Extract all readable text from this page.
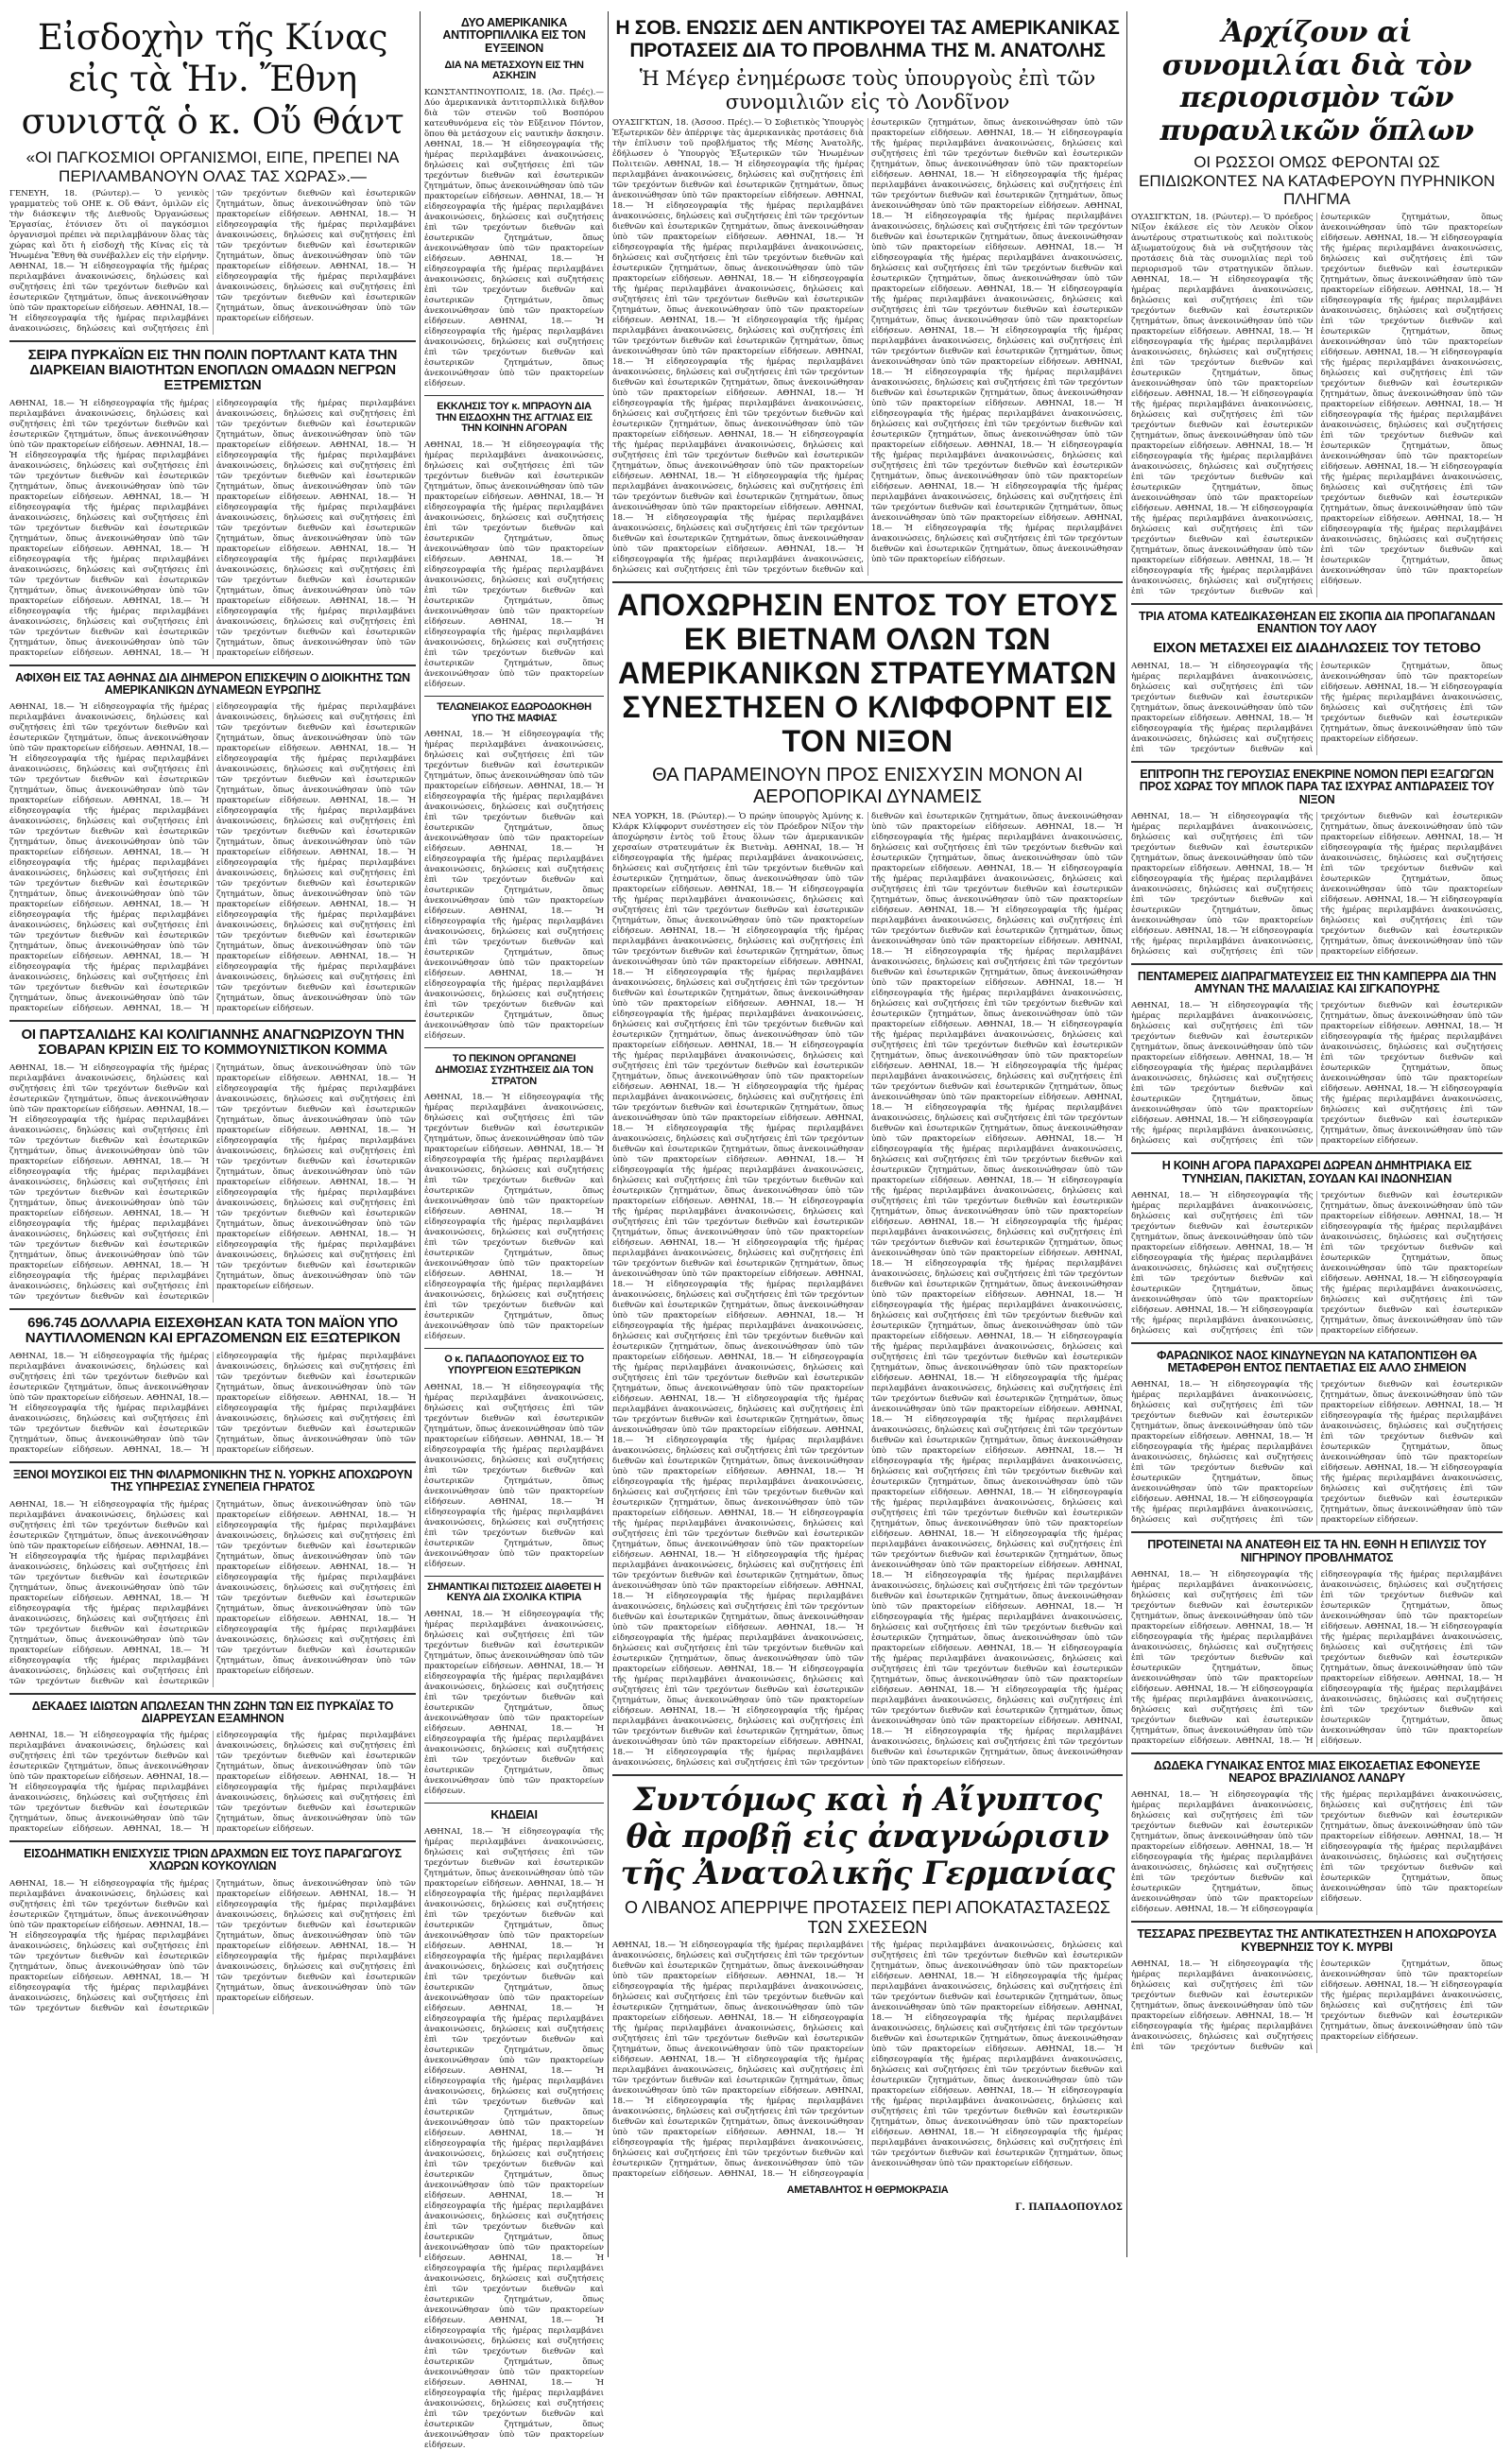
Εἰσδοχὴν τῆς Κίνας εἰς τὰ Ἡν. Ἔθνη συνιστᾷ ὁ κ. Οὔ Θάντ
«ΟΙ ΠΑΓΚΟΣΜΙΟΙ ΟΡΓΑΝΙΣΜΟΙ, ΕΙΠΕ, ΠΡΕΠΕΙ ΝΑ ΠΕΡΙΛΑΜΒΑΝΟΥΝ ΟΛΑΣ ΤΑΣ ΧΩΡΑΣ».—
ΓΕΝΕΥΗ, 18. (Ρώυτερ).— Ὁ γενικὸς γραμματεὺς τοῦ ΟΗΕ κ. Οὔ Θάντ, ὁμιλῶν εἰς τὴν διάσκεψιν τῆς Διεθνοῦς Ὀργανώσεως Ἐργασίας, ἐτόνισεν ὅτι οἱ παγκόσμιοι ὀργανισμοὶ πρέπει νὰ περιλαμβάνουν ὅλας τὰς χώρας καὶ ὅτι ἡ εἰσδοχὴ τῆς Κίνας εἰς τὰ Ἡνωμένα Ἔθνη θὰ συνέβαλλεν εἰς τὴν εἰρήνην. ΑΘΗΝΑΙ, 18.— Ἡ εἰδησεογραφία τῆς ἡμέρας περιλαμβάνει ἀνακοινώσεις, δηλώσεις καὶ συζητήσεις ἐπὶ τῶν τρεχόντων διεθνῶν καὶ ἐσωτερικῶν ζητημάτων, ὅπως ἀνεκοινώθησαν ὑπὸ τῶν πρακτορείων εἰδήσεων. ΑΘΗΝΑΙ, 18.— Ἡ εἰδησεογραφία τῆς ἡμέρας περιλαμβάνει ἀνακοινώσεις, δηλώσεις καὶ συζητήσεις ἐπὶ τῶν τρεχόντων διεθνῶν καὶ ἐσωτερικῶν ζητημάτων, ὅπως ἀνεκοινώθησαν ὑπὸ τῶν πρακτορείων εἰδήσεων. ΑΘΗΝΑΙ, 18.— Ἡ εἰδησεογραφία τῆς ἡμέρας περιλαμβάνει ἀνακοινώσεις, δηλώσεις καὶ συζητήσεις ἐπὶ τῶν τρεχόντων διεθνῶν καὶ ἐσωτερικῶν ζητημάτων, ὅπως ἀνεκοινώθησαν ὑπὸ τῶν πρακτορείων εἰδήσεων. ΑΘΗΝΑΙ, 18.— Ἡ εἰδησεογραφία τῆς ἡμέρας περιλαμβάνει ἀνακοινώσεις, δηλώσεις καὶ συζητήσεις ἐπὶ τῶν τρεχόντων διεθνῶν καὶ ἐσωτερικῶν ζητημάτων, ὅπως ἀνεκοινώθησαν ὑπὸ τῶν πρακτορείων εἰδήσεων.
ΣΕΙΡΑ ΠΥΡΚΑΪΩΝ ΕΙΣ ΤΗΝ ΠΟΛΙΝ ΠΟΡΤΛΑΝΤ ΚΑΤΑ ΤΗΝ ΔΙΑΡΚΕΙΑΝ ΒΙΑΙΟΤΗΤΩΝ ΕΝΟΠΛΩΝ ΟΜΑΔΩΝ ΝΕΓΡΩΝ ΕΞΤΡΕΜΙΣΤΩΝ
ΑΘΗΝΑΙ, 18.— Ἡ εἰδησεογραφία τῆς ἡμέρας περιλαμβάνει ἀνακοινώσεις, δηλώσεις καὶ συζητήσεις ἐπὶ τῶν τρεχόντων διεθνῶν καὶ ἐσωτερικῶν ζητημάτων, ὅπως ἀνεκοινώθησαν ὑπὸ τῶν πρακτορείων εἰδήσεων. ΑΘΗΝΑΙ, 18.— Ἡ εἰδησεογραφία τῆς ἡμέρας περιλαμβάνει ἀνακοινώσεις, δηλώσεις καὶ συζητήσεις ἐπὶ τῶν τρεχόντων διεθνῶν καὶ ἐσωτερικῶν ζητημάτων, ὅπως ἀνεκοινώθησαν ὑπὸ τῶν πρακτορείων εἰδήσεων. ΑΘΗΝΑΙ, 18.— Ἡ εἰδησεογραφία τῆς ἡμέρας περιλαμβάνει ἀνακοινώσεις, δηλώσεις καὶ συζητήσεις ἐπὶ τῶν τρεχόντων διεθνῶν καὶ ἐσωτερικῶν ζητημάτων, ὅπως ἀνεκοινώθησαν ὑπὸ τῶν πρακτορείων εἰδήσεων. ΑΘΗΝΑΙ, 18.— Ἡ εἰδησεογραφία τῆς ἡμέρας περιλαμβάνει ἀνακοινώσεις, δηλώσεις καὶ συζητήσεις ἐπὶ τῶν τρεχόντων διεθνῶν καὶ ἐσωτερικῶν ζητημάτων, ὅπως ἀνεκοινώθησαν ὑπὸ τῶν πρακτορείων εἰδήσεων. ΑΘΗΝΑΙ, 18.— Ἡ εἰδησεογραφία τῆς ἡμέρας περιλαμβάνει ἀνακοινώσεις, δηλώσεις καὶ συζητήσεις ἐπὶ τῶν τρεχόντων διεθνῶν καὶ ἐσωτερικῶν ζητημάτων, ὅπως ἀνεκοινώθησαν ὑπὸ τῶν πρακτορείων εἰδήσεων. ΑΘΗΝΑΙ, 18.— Ἡ εἰδησεογραφία τῆς ἡμέρας περιλαμβάνει ἀνακοινώσεις, δηλώσεις καὶ συζητήσεις ἐπὶ τῶν τρεχόντων διεθνῶν καὶ ἐσωτερικῶν ζητημάτων, ὅπως ἀνεκοινώθησαν ὑπὸ τῶν πρακτορείων εἰδήσεων. ΑΘΗΝΑΙ, 18.— Ἡ εἰδησεογραφία τῆς ἡμέρας περιλαμβάνει ἀνακοινώσεις, δηλώσεις καὶ συζητήσεις ἐπὶ τῶν τρεχόντων διεθνῶν καὶ ἐσωτερικῶν ζητημάτων, ὅπως ἀνεκοινώθησαν ὑπὸ τῶν πρακτορείων εἰδήσεων. ΑΘΗΝΑΙ, 18.— Ἡ εἰδησεογραφία τῆς ἡμέρας περιλαμβάνει ἀνακοινώσεις, δηλώσεις καὶ συζητήσεις ἐπὶ τῶν τρεχόντων διεθνῶν καὶ ἐσωτερικῶν ζητημάτων, ὅπως ἀνεκοινώθησαν ὑπὸ τῶν πρακτορείων εἰδήσεων. ΑΘΗΝΑΙ, 18.— Ἡ εἰδησεογραφία τῆς ἡμέρας περιλαμβάνει ἀνακοινώσεις, δηλώσεις καὶ συζητήσεις ἐπὶ τῶν τρεχόντων διεθνῶν καὶ ἐσωτερικῶν ζητημάτων, ὅπως ἀνεκοινώθησαν ὑπὸ τῶν πρακτορείων εἰδήσεων. ΑΘΗΝΑΙ, 18.— Ἡ εἰδησεογραφία τῆς ἡμέρας περιλαμβάνει ἀνακοινώσεις, δηλώσεις καὶ συζητήσεις ἐπὶ τῶν τρεχόντων διεθνῶν καὶ ἐσωτερικῶν ζητημάτων, ὅπως ἀνεκοινώθησαν ὑπὸ τῶν πρακτορείων εἰδήσεων.
ΑΦΙΧΘΗ ΕΙΣ ΤΑΣ ΑΘΗΝΑΣ ΔΙΑ ΔΙΗΜΕΡΟΝ ΕΠΙΣΚΕΨΙΝ Ο ΔΙΟΙΚΗΤΗΣ ΤΩΝ ΑΜΕΡΙΚΑΝΙΚΩΝ ΔΥΝΑΜΕΩΝ ΕΥΡΩΠΗΣ
ΑΘΗΝΑΙ, 18.— Ἡ εἰδησεογραφία τῆς ἡμέρας περιλαμβάνει ἀνακοινώσεις, δηλώσεις καὶ συζητήσεις ἐπὶ τῶν τρεχόντων διεθνῶν καὶ ἐσωτερικῶν ζητημάτων, ὅπως ἀνεκοινώθησαν ὑπὸ τῶν πρακτορείων εἰδήσεων. ΑΘΗΝΑΙ, 18.— Ἡ εἰδησεογραφία τῆς ἡμέρας περιλαμβάνει ἀνακοινώσεις, δηλώσεις καὶ συζητήσεις ἐπὶ τῶν τρεχόντων διεθνῶν καὶ ἐσωτερικῶν ζητημάτων, ὅπως ἀνεκοινώθησαν ὑπὸ τῶν πρακτορείων εἰδήσεων. ΑΘΗΝΑΙ, 18.— Ἡ εἰδησεογραφία τῆς ἡμέρας περιλαμβάνει ἀνακοινώσεις, δηλώσεις καὶ συζητήσεις ἐπὶ τῶν τρεχόντων διεθνῶν καὶ ἐσωτερικῶν ζητημάτων, ὅπως ἀνεκοινώθησαν ὑπὸ τῶν πρακτορείων εἰδήσεων. ΑΘΗΝΑΙ, 18.— Ἡ εἰδησεογραφία τῆς ἡμέρας περιλαμβάνει ἀνακοινώσεις, δηλώσεις καὶ συζητήσεις ἐπὶ τῶν τρεχόντων διεθνῶν καὶ ἐσωτερικῶν ζητημάτων, ὅπως ἀνεκοινώθησαν ὑπὸ τῶν πρακτορείων εἰδήσεων. ΑΘΗΝΑΙ, 18.— Ἡ εἰδησεογραφία τῆς ἡμέρας περιλαμβάνει ἀνακοινώσεις, δηλώσεις καὶ συζητήσεις ἐπὶ τῶν τρεχόντων διεθνῶν καὶ ἐσωτερικῶν ζητημάτων, ὅπως ἀνεκοινώθησαν ὑπὸ τῶν πρακτορείων εἰδήσεων. ΑΘΗΝΑΙ, 18.— Ἡ εἰδησεογραφία τῆς ἡμέρας περιλαμβάνει ἀνακοινώσεις, δηλώσεις καὶ συζητήσεις ἐπὶ τῶν τρεχόντων διεθνῶν καὶ ἐσωτερικῶν ζητημάτων, ὅπως ἀνεκοινώθησαν ὑπὸ τῶν πρακτορείων εἰδήσεων. ΑΘΗΝΑΙ, 18.— Ἡ εἰδησεογραφία τῆς ἡμέρας περιλαμβάνει ἀνακοινώσεις, δηλώσεις καὶ συζητήσεις ἐπὶ τῶν τρεχόντων διεθνῶν καὶ ἐσωτερικῶν ζητημάτων, ὅπως ἀνεκοινώθησαν ὑπὸ τῶν πρακτορείων εἰδήσεων. ΑΘΗΝΑΙ, 18.— Ἡ εἰδησεογραφία τῆς ἡμέρας περιλαμβάνει ἀνακοινώσεις, δηλώσεις καὶ συζητήσεις ἐπὶ τῶν τρεχόντων διεθνῶν καὶ ἐσωτερικῶν ζητημάτων, ὅπως ἀνεκοινώθησαν ὑπὸ τῶν πρακτορείων εἰδήσεων. ΑΘΗΝΑΙ, 18.— Ἡ εἰδησεογραφία τῆς ἡμέρας περιλαμβάνει ἀνακοινώσεις, δηλώσεις καὶ συζητήσεις ἐπὶ τῶν τρεχόντων διεθνῶν καὶ ἐσωτερικῶν ζητημάτων, ὅπως ἀνεκοινώθησαν ὑπὸ τῶν πρακτορείων εἰδήσεων. ΑΘΗΝΑΙ, 18.— Ἡ εἰδησεογραφία τῆς ἡμέρας περιλαμβάνει ἀνακοινώσεις, δηλώσεις καὶ συζητήσεις ἐπὶ τῶν τρεχόντων διεθνῶν καὶ ἐσωτερικῶν ζητημάτων, ὅπως ἀνεκοινώθησαν ὑπὸ τῶν πρακτορείων εἰδήσεων. ΑΘΗΝΑΙ, 18.— Ἡ εἰδησεογραφία τῆς ἡμέρας περιλαμβάνει ἀνακοινώσεις, δηλώσεις καὶ συζητήσεις ἐπὶ τῶν τρεχόντων διεθνῶν καὶ ἐσωτερικῶν ζητημάτων, ὅπως ἀνεκοινώθησαν ὑπὸ τῶν πρακτορείων εἰδήσεων. ΑΘΗΝΑΙ, 18.— Ἡ εἰδησεογραφία τῆς ἡμέρας περιλαμβάνει ἀνακοινώσεις, δηλώσεις καὶ συζητήσεις ἐπὶ τῶν τρεχόντων διεθνῶν καὶ ἐσωτερικῶν ζητημάτων, ὅπως ἀνεκοινώθησαν ὑπὸ τῶν πρακτορείων εἰδήσεων.
ΟΙ ΠΑΡΤΣΑΛΙΔΗΣ ΚΑΙ ΚΟΛΙΓΙΑΝΝΗΣ ΑΝΑΓΝΩΡΙΖΟΥΝ ΤΗΝ ΣΟΒΑΡΑΝ ΚΡΙΣΙΝ ΕΙΣ ΤΟ ΚΟΜΜΟΥΝΙΣΤΙΚΟΝ ΚΟΜΜΑ
ΑΘΗΝΑΙ, 18.— Ἡ εἰδησεογραφία τῆς ἡμέρας περιλαμβάνει ἀνακοινώσεις, δηλώσεις καὶ συζητήσεις ἐπὶ τῶν τρεχόντων διεθνῶν καὶ ἐσωτερικῶν ζητημάτων, ὅπως ἀνεκοινώθησαν ὑπὸ τῶν πρακτορείων εἰδήσεων. ΑΘΗΝΑΙ, 18.— Ἡ εἰδησεογραφία τῆς ἡμέρας περιλαμβάνει ἀνακοινώσεις, δηλώσεις καὶ συζητήσεις ἐπὶ τῶν τρεχόντων διεθνῶν καὶ ἐσωτερικῶν ζητημάτων, ὅπως ἀνεκοινώθησαν ὑπὸ τῶν πρακτορείων εἰδήσεων. ΑΘΗΝΑΙ, 18.— Ἡ εἰδησεογραφία τῆς ἡμέρας περιλαμβάνει ἀνακοινώσεις, δηλώσεις καὶ συζητήσεις ἐπὶ τῶν τρεχόντων διεθνῶν καὶ ἐσωτερικῶν ζητημάτων, ὅπως ἀνεκοινώθησαν ὑπὸ τῶν πρακτορείων εἰδήσεων. ΑΘΗΝΑΙ, 18.— Ἡ εἰδησεογραφία τῆς ἡμέρας περιλαμβάνει ἀνακοινώσεις, δηλώσεις καὶ συζητήσεις ἐπὶ τῶν τρεχόντων διεθνῶν καὶ ἐσωτερικῶν ζητημάτων, ὅπως ἀνεκοινώθησαν ὑπὸ τῶν πρακτορείων εἰδήσεων. ΑΘΗΝΑΙ, 18.— Ἡ εἰδησεογραφία τῆς ἡμέρας περιλαμβάνει ἀνακοινώσεις, δηλώσεις καὶ συζητήσεις ἐπὶ τῶν τρεχόντων διεθνῶν καὶ ἐσωτερικῶν ζητημάτων, ὅπως ἀνεκοινώθησαν ὑπὸ τῶν πρακτορείων εἰδήσεων. ΑΘΗΝΑΙ, 18.— Ἡ εἰδησεογραφία τῆς ἡμέρας περιλαμβάνει ἀνακοινώσεις, δηλώσεις καὶ συζητήσεις ἐπὶ τῶν τρεχόντων διεθνῶν καὶ ἐσωτερικῶν ζητημάτων, ὅπως ἀνεκοινώθησαν ὑπὸ τῶν πρακτορείων εἰδήσεων. ΑΘΗΝΑΙ, 18.— Ἡ εἰδησεογραφία τῆς ἡμέρας περιλαμβάνει ἀνακοινώσεις, δηλώσεις καὶ συζητήσεις ἐπὶ τῶν τρεχόντων διεθνῶν καὶ ἐσωτερικῶν ζητημάτων, ὅπως ἀνεκοινώθησαν ὑπὸ τῶν πρακτορείων εἰδήσεων. ΑΘΗΝΑΙ, 18.— Ἡ εἰδησεογραφία τῆς ἡμέρας περιλαμβάνει ἀνακοινώσεις, δηλώσεις καὶ συζητήσεις ἐπὶ τῶν τρεχόντων διεθνῶν καὶ ἐσωτερικῶν ζητημάτων, ὅπως ἀνεκοινώθησαν ὑπὸ τῶν πρακτορείων εἰδήσεων. ΑΘΗΝΑΙ, 18.— Ἡ εἰδησεογραφία τῆς ἡμέρας περιλαμβάνει ἀνακοινώσεις, δηλώσεις καὶ συζητήσεις ἐπὶ τῶν τρεχόντων διεθνῶν καὶ ἐσωτερικῶν ζητημάτων, ὅπως ἀνεκοινώθησαν ὑπὸ τῶν πρακτορείων εἰδήσεων.
696.745 ΔΟΛΛΑΡΙΑ ΕΙΣΕΧΘΗΣΑΝ ΚΑΤΑ ΤΟΝ ΜΑΪΟΝ ΥΠΟ ΝΑΥΤΙΛΛΟΜΕΝΩΝ ΚΑΙ ΕΡΓΑΖΟΜΕΝΩΝ ΕΙΣ ΕΞΩΤΕΡΙΚΟΝ
ΑΘΗΝΑΙ, 18.— Ἡ εἰδησεογραφία τῆς ἡμέρας περιλαμβάνει ἀνακοινώσεις, δηλώσεις καὶ συζητήσεις ἐπὶ τῶν τρεχόντων διεθνῶν καὶ ἐσωτερικῶν ζητημάτων, ὅπως ἀνεκοινώθησαν ὑπὸ τῶν πρακτορείων εἰδήσεων. ΑΘΗΝΑΙ, 18.— Ἡ εἰδησεογραφία τῆς ἡμέρας περιλαμβάνει ἀνακοινώσεις, δηλώσεις καὶ συζητήσεις ἐπὶ τῶν τρεχόντων διεθνῶν καὶ ἐσωτερικῶν ζητημάτων, ὅπως ἀνεκοινώθησαν ὑπὸ τῶν πρακτορείων εἰδήσεων. ΑΘΗΝΑΙ, 18.— Ἡ εἰδησεογραφία τῆς ἡμέρας περιλαμβάνει ἀνακοινώσεις, δηλώσεις καὶ συζητήσεις ἐπὶ τῶν τρεχόντων διεθνῶν καὶ ἐσωτερικῶν ζητημάτων, ὅπως ἀνεκοινώθησαν ὑπὸ τῶν πρακτορείων εἰδήσεων. ΑΘΗΝΑΙ, 18.— Ἡ εἰδησεογραφία τῆς ἡμέρας περιλαμβάνει ἀνακοινώσεις, δηλώσεις καὶ συζητήσεις ἐπὶ τῶν τρεχόντων διεθνῶν καὶ ἐσωτερικῶν ζητημάτων, ὅπως ἀνεκοινώθησαν ὑπὸ τῶν πρακτορείων εἰδήσεων.
ΞΕΝΟΙ ΜΟΥΣΙΚΟΙ ΕΙΣ ΤΗΝ ΦΙΛΑΡΜΟΝΙΚΗΝ ΤΗΣ Ν. ΥΟΡΚΗΣ ΑΠΟΧΩΡΟΥΝ ΤΗΣ ΥΠΗΡΕΣΙΑΣ ΣΥΝΕΠΕΙΑ ΓΗΡΑΤΟΣ
ΑΘΗΝΑΙ, 18.— Ἡ εἰδησεογραφία τῆς ἡμέρας περιλαμβάνει ἀνακοινώσεις, δηλώσεις καὶ συζητήσεις ἐπὶ τῶν τρεχόντων διεθνῶν καὶ ἐσωτερικῶν ζητημάτων, ὅπως ἀνεκοινώθησαν ὑπὸ τῶν πρακτορείων εἰδήσεων. ΑΘΗΝΑΙ, 18.— Ἡ εἰδησεογραφία τῆς ἡμέρας περιλαμβάνει ἀνακοινώσεις, δηλώσεις καὶ συζητήσεις ἐπὶ τῶν τρεχόντων διεθνῶν καὶ ἐσωτερικῶν ζητημάτων, ὅπως ἀνεκοινώθησαν ὑπὸ τῶν πρακτορείων εἰδήσεων. ΑΘΗΝΑΙ, 18.— Ἡ εἰδησεογραφία τῆς ἡμέρας περιλαμβάνει ἀνακοινώσεις, δηλώσεις καὶ συζητήσεις ἐπὶ τῶν τρεχόντων διεθνῶν καὶ ἐσωτερικῶν ζητημάτων, ὅπως ἀνεκοινώθησαν ὑπὸ τῶν πρακτορείων εἰδήσεων. ΑΘΗΝΑΙ, 18.— Ἡ εἰδησεογραφία τῆς ἡμέρας περιλαμβάνει ἀνακοινώσεις, δηλώσεις καὶ συζητήσεις ἐπὶ τῶν τρεχόντων διεθνῶν καὶ ἐσωτερικῶν ζητημάτων, ὅπως ἀνεκοινώθησαν ὑπὸ τῶν πρακτορείων εἰδήσεων. ΑΘΗΝΑΙ, 18.— Ἡ εἰδησεογραφία τῆς ἡμέρας περιλαμβάνει ἀνακοινώσεις, δηλώσεις καὶ συζητήσεις ἐπὶ τῶν τρεχόντων διεθνῶν καὶ ἐσωτερικῶν ζητημάτων, ὅπως ἀνεκοινώθησαν ὑπὸ τῶν πρακτορείων εἰδήσεων. ΑΘΗΝΑΙ, 18.— Ἡ εἰδησεογραφία τῆς ἡμέρας περιλαμβάνει ἀνακοινώσεις, δηλώσεις καὶ συζητήσεις ἐπὶ τῶν τρεχόντων διεθνῶν καὶ ἐσωτερικῶν ζητημάτων, ὅπως ἀνεκοινώθησαν ὑπὸ τῶν πρακτορείων εἰδήσεων. ΑΘΗΝΑΙ, 18.— Ἡ εἰδησεογραφία τῆς ἡμέρας περιλαμβάνει ἀνακοινώσεις, δηλώσεις καὶ συζητήσεις ἐπὶ τῶν τρεχόντων διεθνῶν καὶ ἐσωτερικῶν ζητημάτων, ὅπως ἀνεκοινώθησαν ὑπὸ τῶν πρακτορείων εἰδήσεων.
ΔΕΚΑΔΕΣ ΙΔΙΩΤΩΝ ΑΠΩΛΕΣΑΝ ΤΗΝ ΖΩΗΝ ΤΩΝ ΕΙΣ ΠΥΡΚΑΪΑΣ ΤΟ ΔΙΑΡΡΕΥΣΑΝ ΕΞΑΜΗΝΟΝ
ΑΘΗΝΑΙ, 18.— Ἡ εἰδησεογραφία τῆς ἡμέρας περιλαμβάνει ἀνακοινώσεις, δηλώσεις καὶ συζητήσεις ἐπὶ τῶν τρεχόντων διεθνῶν καὶ ἐσωτερικῶν ζητημάτων, ὅπως ἀνεκοινώθησαν ὑπὸ τῶν πρακτορείων εἰδήσεων. ΑΘΗΝΑΙ, 18.— Ἡ εἰδησεογραφία τῆς ἡμέρας περιλαμβάνει ἀνακοινώσεις, δηλώσεις καὶ συζητήσεις ἐπὶ τῶν τρεχόντων διεθνῶν καὶ ἐσωτερικῶν ζητημάτων, ὅπως ἀνεκοινώθησαν ὑπὸ τῶν πρακτορείων εἰδήσεων. ΑΘΗΝΑΙ, 18.— Ἡ εἰδησεογραφία τῆς ἡμέρας περιλαμβάνει ἀνακοινώσεις, δηλώσεις καὶ συζητήσεις ἐπὶ τῶν τρεχόντων διεθνῶν καὶ ἐσωτερικῶν ζητημάτων, ὅπως ἀνεκοινώθησαν ὑπὸ τῶν πρακτορείων εἰδήσεων. ΑΘΗΝΑΙ, 18.— Ἡ εἰδησεογραφία τῆς ἡμέρας περιλαμβάνει ἀνακοινώσεις, δηλώσεις καὶ συζητήσεις ἐπὶ τῶν τρεχόντων διεθνῶν καὶ ἐσωτερικῶν ζητημάτων, ὅπως ἀνεκοινώθησαν ὑπὸ τῶν πρακτορείων εἰδήσεων.
ΕΙΣΟΔΗΜΑΤΙΚΗ ΕΝΙΣΧΥΣΙΣ ΤΡΙΩΝ ΔΡΑΧΜΩΝ ΕΙΣ ΤΟΥΣ ΠΑΡΑΓΩΓΟΥΣ ΧΛΩΡΩΝ ΚΟΥΚΟΥΛΙΩΝ
ΑΘΗΝΑΙ, 18.— Ἡ εἰδησεογραφία τῆς ἡμέρας περιλαμβάνει ἀνακοινώσεις, δηλώσεις καὶ συζητήσεις ἐπὶ τῶν τρεχόντων διεθνῶν καὶ ἐσωτερικῶν ζητημάτων, ὅπως ἀνεκοινώθησαν ὑπὸ τῶν πρακτορείων εἰδήσεων. ΑΘΗΝΑΙ, 18.— Ἡ εἰδησεογραφία τῆς ἡμέρας περιλαμβάνει ἀνακοινώσεις, δηλώσεις καὶ συζητήσεις ἐπὶ τῶν τρεχόντων διεθνῶν καὶ ἐσωτερικῶν ζητημάτων, ὅπως ἀνεκοινώθησαν ὑπὸ τῶν πρακτορείων εἰδήσεων. ΑΘΗΝΑΙ, 18.— Ἡ εἰδησεογραφία τῆς ἡμέρας περιλαμβάνει ἀνακοινώσεις, δηλώσεις καὶ συζητήσεις ἐπὶ τῶν τρεχόντων διεθνῶν καὶ ἐσωτερικῶν ζητημάτων, ὅπως ἀνεκοινώθησαν ὑπὸ τῶν πρακτορείων εἰδήσεων. ΑΘΗΝΑΙ, 18.— Ἡ εἰδησεογραφία τῆς ἡμέρας περιλαμβάνει ἀνακοινώσεις, δηλώσεις καὶ συζητήσεις ἐπὶ τῶν τρεχόντων διεθνῶν καὶ ἐσωτερικῶν ζητημάτων, ὅπως ἀνεκοινώθησαν ὑπὸ τῶν πρακτορείων εἰδήσεων. ΑΘΗΝΑΙ, 18.— Ἡ εἰδησεογραφία τῆς ἡμέρας περιλαμβάνει ἀνακοινώσεις, δηλώσεις καὶ συζητήσεις ἐπὶ τῶν τρεχόντων διεθνῶν καὶ ἐσωτερικῶν ζητημάτων, ὅπως ἀνεκοινώθησαν ὑπὸ τῶν πρακτορείων εἰδήσεων.
ΔΥΟ ΑΜΕΡΙΚΑΝΙΚΑ ΑΝΤΙΤΟΡΠΙΛΛΙΚΑ ΕΙΣ ΤΟΝ ΕΥΞΕΙΝΟΝ
ΔΙΑ ΝΑ ΜΕΤΑΣΧΟΥΝ ΕΙΣ ΤΗΝ ΑΣΚΗΣΙΝ
ΚΩΝΣΤΑΝΤΙΝΟΥΠΟΛΙΣ, 18. (Ἀσ. Πρές).— Δύο ἀμερικανικὰ ἀντιτορπιλλικὰ διῆλθον διὰ τῶν στενῶν τοῦ Βοσπόρου κατευθυνόμενα εἰς τὸν Εὔξεινον Πόντον, ὅπου θὰ μετάσχουν εἰς ναυτικὴν ἄσκησιν. ΑΘΗΝΑΙ, 18.— Ἡ εἰδησεογραφία τῆς ἡμέρας περιλαμβάνει ἀνακοινώσεις, δηλώσεις καὶ συζητήσεις ἐπὶ τῶν τρεχόντων διεθνῶν καὶ ἐσωτερικῶν ζητημάτων, ὅπως ἀνεκοινώθησαν ὑπὸ τῶν πρακτορείων εἰδήσεων. ΑΘΗΝΑΙ, 18.— Ἡ εἰδησεογραφία τῆς ἡμέρας περιλαμβάνει ἀνακοινώσεις, δηλώσεις καὶ συζητήσεις ἐπὶ τῶν τρεχόντων διεθνῶν καὶ ἐσωτερικῶν ζητημάτων, ὅπως ἀνεκοινώθησαν ὑπὸ τῶν πρακτορείων εἰδήσεων.	ΑΘΗΝΑΙ, 18.— Ἡ εἰδησεογραφία τῆς ἡμέρας περιλαμβάνει ἀνακοινώσεις, δηλώσεις καὶ συζητήσεις ἐπὶ τῶν τρεχόντων διεθνῶν καὶ ἐσωτερικῶν ζητημάτων, ὅπως ἀνεκοινώθησαν ὑπὸ τῶν πρακτορείων εἰδήσεων.	ΑΘΗΝΑΙ, 18.— Ἡ εἰδησεογραφία τῆς ἡμέρας περιλαμβάνει ἀνακοινώσεις, δηλώσεις καὶ συζητήσεις ἐπὶ τῶν τρεχόντων διεθνῶν καὶ ἐσωτερικῶν ζητημάτων, ὅπως ἀνεκοινώθησαν ὑπὸ τῶν πρακτορείων εἰδήσεων.
ΕΚΚΛΗΣΙΣ ΤΟΥ κ. ΜΠΡΑΟΥΝ ΔΙΑ ΤΗΝ ΕΙΣΔΟΧΗΝ ΤΗΣ ΑΓΓΛΙΑΣ ΕΙΣ ΤΗΝ ΚΟΙΝΗΝ ΑΓΟΡΑΝ
ΑΘΗΝΑΙ, 18.— Ἡ εἰδησεογραφία τῆς ἡμέρας περιλαμβάνει ἀνακοινώσεις, δηλώσεις καὶ συζητήσεις ἐπὶ τῶν τρεχόντων διεθνῶν καὶ ἐσωτερικῶν ζητημάτων, ὅπως ἀνεκοινώθησαν ὑπὸ τῶν πρακτορείων εἰδήσεων. ΑΘΗΝΑΙ, 18.— Ἡ εἰδησεογραφία τῆς ἡμέρας περιλαμβάνει ἀνακοινώσεις, δηλώσεις καὶ συζητήσεις ἐπὶ τῶν τρεχόντων διεθνῶν καὶ ἐσωτερικῶν ζητημάτων, ὅπως ἀνεκοινώθησαν ὑπὸ τῶν πρακτορείων εἰδήσεων.	ΑΘΗΝΑΙ, 18.— Ἡ εἰδησεογραφία τῆς ἡμέρας περιλαμβάνει ἀνακοινώσεις, δηλώσεις καὶ συζητήσεις ἐπὶ τῶν τρεχόντων διεθνῶν καὶ ἐσωτερικῶν ζητημάτων, ὅπως ἀνεκοινώθησαν ὑπὸ τῶν πρακτορείων εἰδήσεων.	ΑΘΗΝΑΙ, 18.— Ἡ εἰδησεογραφία τῆς ἡμέρας περιλαμβάνει ἀνακοινώσεις, δηλώσεις καὶ συζητήσεις ἐπὶ τῶν τρεχόντων διεθνῶν καὶ ἐσωτερικῶν ζητημάτων, ὅπως ἀνεκοινώθησαν ὑπὸ τῶν πρακτορείων εἰδήσεων.
ΤΕΛΩΝΕΙΑΚΟΣ ΕΔΩΡΟΔΟΚΗΘΗ ΥΠΟ ΤΗΣ ΜΑΦΙΑΣ
ΑΘΗΝΑΙ, 18.— Ἡ εἰδησεογραφία τῆς ἡμέρας περιλαμβάνει ἀνακοινώσεις, δηλώσεις καὶ συζητήσεις ἐπὶ τῶν τρεχόντων διεθνῶν καὶ ἐσωτερικῶν ζητημάτων, ὅπως ἀνεκοινώθησαν ὑπὸ τῶν πρακτορείων εἰδήσεων. ΑΘΗΝΑΙ, 18.— Ἡ εἰδησεογραφία τῆς ἡμέρας περιλαμβάνει ἀνακοινώσεις, δηλώσεις καὶ συζητήσεις ἐπὶ τῶν τρεχόντων διεθνῶν καὶ ἐσωτερικῶν ζητημάτων, ὅπως ἀνεκοινώθησαν ὑπὸ τῶν πρακτορείων εἰδήσεων.	ΑΘΗΝΑΙ, 18.— Ἡ εἰδησεογραφία τῆς ἡμέρας περιλαμβάνει ἀνακοινώσεις, δηλώσεις καὶ συζητήσεις ἐπὶ τῶν τρεχόντων διεθνῶν καὶ ἐσωτερικῶν ζητημάτων, ὅπως ἀνεκοινώθησαν ὑπὸ τῶν πρακτορείων εἰδήσεων.	ΑΘΗΝΑΙ, 18.— Ἡ εἰδησεογραφία τῆς ἡμέρας περιλαμβάνει ἀνακοινώσεις, δηλώσεις καὶ συζητήσεις ἐπὶ τῶν τρεχόντων διεθνῶν καὶ ἐσωτερικῶν ζητημάτων, ὅπως ἀνεκοινώθησαν ὑπὸ τῶν πρακτορείων εἰδήσεων.	ΑΘΗΝΑΙ, 18.— Ἡ εἰδησεογραφία τῆς ἡμέρας περιλαμβάνει ἀνακοινώσεις, δηλώσεις καὶ συζητήσεις ἐπὶ τῶν τρεχόντων διεθνῶν καὶ ἐσωτερικῶν ζητημάτων, ὅπως ἀνεκοινώθησαν ὑπὸ τῶν πρακτορείων εἰδήσεων.
ΤΟ ΠΕΚΙΝΟΝ ΟΡΓΑΝΩΝΕΙ ΔΗΜΟΣΙΑΣ ΣΥΖΗΤΗΣΕΙΣ ΔΙΑ ΤΟΝ ΣΤΡΑΤΟΝ
ΑΘΗΝΑΙ, 18.— Ἡ εἰδησεογραφία τῆς ἡμέρας περιλαμβάνει ἀνακοινώσεις, δηλώσεις καὶ συζητήσεις ἐπὶ τῶν τρεχόντων διεθνῶν καὶ ἐσωτερικῶν ζητημάτων, ὅπως ἀνεκοινώθησαν ὑπὸ τῶν πρακτορείων εἰδήσεων. ΑΘΗΝΑΙ, 18.— Ἡ εἰδησεογραφία τῆς ἡμέρας περιλαμβάνει ἀνακοινώσεις, δηλώσεις καὶ συζητήσεις ἐπὶ τῶν τρεχόντων διεθνῶν καὶ ἐσωτερικῶν ζητημάτων, ὅπως ἀνεκοινώθησαν ὑπὸ τῶν πρακτορείων εἰδήσεων.	ΑΘΗΝΑΙ, 18.— Ἡ εἰδησεογραφία τῆς ἡμέρας περιλαμβάνει ἀνακοινώσεις, δηλώσεις καὶ συζητήσεις ἐπὶ τῶν τρεχόντων διεθνῶν καὶ ἐσωτερικῶν ζητημάτων, ὅπως ἀνεκοινώθησαν ὑπὸ τῶν πρακτορείων εἰδήσεων.	ΑΘΗΝΑΙ, 18.— Ἡ εἰδησεογραφία τῆς ἡμέρας περιλαμβάνει ἀνακοινώσεις, δηλώσεις καὶ συζητήσεις ἐπὶ τῶν τρεχόντων διεθνῶν καὶ ἐσωτερικῶν ζητημάτων, ὅπως ἀνεκοινώθησαν ὑπὸ τῶν πρακτορείων εἰδήσεων.
Ο κ. ΠΑΠΑΔΟΠΟΥΛΟΣ ΕΙΣ ΤΟ ΥΠΟΥΡΓΕΙΟΝ ΕΞΩΤΕΡΙΚΩΝ
ΑΘΗΝΑΙ, 18.— Ἡ εἰδησεογραφία τῆς ἡμέρας περιλαμβάνει ἀνακοινώσεις, δηλώσεις καὶ συζητήσεις ἐπὶ τῶν τρεχόντων διεθνῶν καὶ ἐσωτερικῶν ζητημάτων, ὅπως ἀνεκοινώθησαν ὑπὸ τῶν πρακτορείων εἰδήσεων. ΑΘΗΝΑΙ, 18.— Ἡ εἰδησεογραφία τῆς ἡμέρας περιλαμβάνει ἀνακοινώσεις, δηλώσεις καὶ συζητήσεις ἐπὶ τῶν τρεχόντων διεθνῶν καὶ ἐσωτερικῶν ζητημάτων, ὅπως ἀνεκοινώθησαν ὑπὸ τῶν πρακτορείων εἰδήσεων.	ΑΘΗΝΑΙ, 18.— Ἡ εἰδησεογραφία τῆς ἡμέρας περιλαμβάνει ἀνακοινώσεις, δηλώσεις καὶ συζητήσεις ἐπὶ τῶν τρεχόντων διεθνῶν καὶ ἐσωτερικῶν ζητημάτων, ὅπως ἀνεκοινώθησαν ὑπὸ τῶν πρακτορείων εἰδήσεων.
ΣΗΜΑΝΤΙΚΑΙ ΠΙΣΤΩΣΕΙΣ ΔΙΑΘΕΤΕΙ Η ΚΕΝΥΑ ΔΙΑ ΣΧΟΛΙΚΑ ΚΤΙΡΙΑ
ΑΘΗΝΑΙ, 18.— Ἡ εἰδησεογραφία τῆς ἡμέρας περιλαμβάνει ἀνακοινώσεις, δηλώσεις καὶ συζητήσεις ἐπὶ τῶν τρεχόντων διεθνῶν καὶ ἐσωτερικῶν ζητημάτων, ὅπως ἀνεκοινώθησαν ὑπὸ τῶν πρακτορείων εἰδήσεων. ΑΘΗΝΑΙ, 18.— Ἡ εἰδησεογραφία τῆς ἡμέρας περιλαμβάνει ἀνακοινώσεις, δηλώσεις καὶ συζητήσεις ἐπὶ τῶν τρεχόντων διεθνῶν καὶ ἐσωτερικῶν ζητημάτων, ὅπως ἀνεκοινώθησαν ὑπὸ τῶν πρακτορείων εἰδήσεων.	ΑΘΗΝΑΙ, 18.— Ἡ εἰδησεογραφία τῆς ἡμέρας περιλαμβάνει ἀνακοινώσεις, δηλώσεις καὶ συζητήσεις ἐπὶ τῶν τρεχόντων διεθνῶν καὶ ἐσωτερικῶν ζητημάτων, ὅπως ἀνεκοινώθησαν ὑπὸ τῶν πρακτορείων εἰδήσεων.
ΚΗΔΕΙΑΙ
ΑΘΗΝΑΙ, 18.— Ἡ εἰδησεογραφία τῆς ἡμέρας περιλαμβάνει ἀνακοινώσεις, δηλώσεις καὶ συζητήσεις ἐπὶ τῶν τρεχόντων διεθνῶν καὶ ἐσωτερικῶν ζητημάτων, ὅπως ἀνεκοινώθησαν ὑπὸ τῶν πρακτορείων εἰδήσεων. ΑΘΗΝΑΙ, 18.— Ἡ εἰδησεογραφία τῆς ἡμέρας περιλαμβάνει ἀνακοινώσεις, δηλώσεις καὶ συζητήσεις ἐπὶ τῶν τρεχόντων διεθνῶν καὶ ἐσωτερικῶν ζητημάτων, ὅπως ἀνεκοινώθησαν ὑπὸ τῶν πρακτορείων εἰδήσεων.	ΑΘΗΝΑΙ, 18.— Ἡ εἰδησεογραφία τῆς ἡμέρας περιλαμβάνει ἀνακοινώσεις, δηλώσεις καὶ συζητήσεις ἐπὶ τῶν τρεχόντων διεθνῶν καὶ ἐσωτερικῶν ζητημάτων, ὅπως ἀνεκοινώθησαν ὑπὸ τῶν πρακτορείων εἰδήσεων.	ΑΘΗΝΑΙ, 18.— Ἡ εἰδησεογραφία τῆς ἡμέρας περιλαμβάνει ἀνακοινώσεις, δηλώσεις καὶ συζητήσεις ἐπὶ τῶν τρεχόντων διεθνῶν καὶ ἐσωτερικῶν ζητημάτων, ὅπως ἀνεκοινώθησαν ὑπὸ τῶν πρακτορείων εἰδήσεων.	ΑΘΗΝΑΙ, 18.— Ἡ εἰδησεογραφία τῆς ἡμέρας περιλαμβάνει ἀνακοινώσεις, δηλώσεις καὶ συζητήσεις ἐπὶ τῶν τρεχόντων διεθνῶν καὶ ἐσωτερικῶν ζητημάτων, ὅπως ἀνεκοινώθησαν ὑπὸ τῶν πρακτορείων εἰδήσεων.	ΑΘΗΝΑΙ, 18.— Ἡ εἰδησεογραφία τῆς ἡμέρας περιλαμβάνει ἀνακοινώσεις, δηλώσεις καὶ συζητήσεις ἐπὶ τῶν τρεχόντων διεθνῶν καὶ ἐσωτερικῶν ζητημάτων, ὅπως ἀνεκοινώθησαν ὑπὸ τῶν πρακτορείων εἰδήσεων.	ΑΘΗΝΑΙ, 18.— Ἡ εἰδησεογραφία τῆς ἡμέρας περιλαμβάνει ἀνακοινώσεις, δηλώσεις καὶ συζητήσεις ἐπὶ τῶν τρεχόντων διεθνῶν καὶ ἐσωτερικῶν ζητημάτων, ὅπως ἀνεκοινώθησαν ὑπὸ τῶν πρακτορείων εἰδήσεων.	ΑΘΗΝΑΙ, 18.— Ἡ εἰδησεογραφία τῆς ἡμέρας περιλαμβάνει ἀνακοινώσεις, δηλώσεις καὶ συζητήσεις ἐπὶ τῶν τρεχόντων διεθνῶν καὶ ἐσωτερικῶν ζητημάτων, ὅπως ἀνεκοινώθησαν ὑπὸ τῶν πρακτορείων εἰδήσεων.	ΑΘΗΝΑΙ, 18.— Ἡ εἰδησεογραφία τῆς ἡμέρας περιλαμβάνει ἀνακοινώσεις, δηλώσεις καὶ συζητήσεις ἐπὶ τῶν τρεχόντων διεθνῶν καὶ ἐσωτερικῶν ζητημάτων, ὅπως ἀνεκοινώθησαν ὑπὸ τῶν πρακτορείων εἰδήσεων.	ΑΘΗΝΑΙ, 18.— Ἡ εἰδησεογραφία τῆς ἡμέρας περιλαμβάνει ἀνακοινώσεις, δηλώσεις καὶ συζητήσεις ἐπὶ τῶν τρεχόντων διεθνῶν καὶ ἐσωτερικῶν ζητημάτων, ὅπως ἀνεκοινώθησαν ὑπὸ τῶν πρακτορείων εἰδήσεων.
Η ΣΟΒ. ΕΝΩΣΙΣ ΔΕΝ ΑΝΤΙΚΡΟΥΕΙ ΤΑΣ ΑΜΕΡΙΚΑΝΙΚΑΣ ΠΡΟΤΑΣΕΙΣ ΔΙΑ ΤΟ ΠΡΟΒΛΗΜΑ ΤΗΣ Μ. ΑΝΑΤΟΛΗΣ
Ἡ Μέγερ ἐνημέρωσε τοὺς ὑπουργοὺς ἐπὶ τῶν συνομιλιῶν εἰς τὸ Λονδῖνον
ΟΥΑΣΙΓΚΤΩΝ, 18. (Ἀσσοσ. Πρές).— Ὁ Σοβιετικὸς Ὑπουργὸς Ἐξωτερικῶν δὲν ἀπέρριψε τὰς ἀμερικανικὰς προτάσεις διὰ τὴν ἐπίλυσιν τοῦ προβλήματος τῆς Μέσης Ἀνατολῆς, ἐδήλωσεν ὁ Ὑπουργὸς Ἐξωτερικῶν τῶν Ἡνωμένων Πολιτειῶν. ΑΘΗΝΑΙ, 18.— Ἡ εἰδησεογραφία τῆς ἡμέρας περιλαμβάνει ἀνακοινώσεις, δηλώσεις καὶ συζητήσεις ἐπὶ τῶν τρεχόντων διεθνῶν καὶ ἐσωτερικῶν ζητημάτων, ὅπως ἀνεκοινώθησαν ὑπὸ τῶν πρακτορείων εἰδήσεων. ΑΘΗΝΑΙ, 18.— Ἡ εἰδησεογραφία τῆς ἡμέρας περιλαμβάνει ἀνακοινώσεις, δηλώσεις καὶ συζητήσεις ἐπὶ τῶν τρεχόντων διεθνῶν καὶ ἐσωτερικῶν ζητημάτων, ὅπως ἀνεκοινώθησαν ὑπὸ τῶν πρακτορείων εἰδήσεων. ΑΘΗΝΑΙ, 18.— Ἡ εἰδησεογραφία τῆς ἡμέρας περιλαμβάνει ἀνακοινώσεις, δηλώσεις καὶ συζητήσεις ἐπὶ τῶν τρεχόντων διεθνῶν καὶ ἐσωτερικῶν ζητημάτων, ὅπως ἀνεκοινώθησαν ὑπὸ τῶν πρακτορείων εἰδήσεων. ΑΘΗΝΑΙ, 18.— Ἡ εἰδησεογραφία τῆς ἡμέρας περιλαμβάνει ἀνακοινώσεις, δηλώσεις καὶ συζητήσεις ἐπὶ τῶν τρεχόντων διεθνῶν καὶ ἐσωτερικῶν ζητημάτων, ὅπως ἀνεκοινώθησαν ὑπὸ τῶν πρακτορείων εἰδήσεων. ΑΘΗΝΑΙ, 18.— Ἡ εἰδησεογραφία τῆς ἡμέρας περιλαμβάνει ἀνακοινώσεις, δηλώσεις καὶ συζητήσεις ἐπὶ τῶν τρεχόντων διεθνῶν καὶ ἐσωτερικῶν ζητημάτων, ὅπως ἀνεκοινώθησαν ὑπὸ τῶν πρακτορείων εἰδήσεων. ΑΘΗΝΑΙ, 18.— Ἡ εἰδησεογραφία τῆς ἡμέρας περιλαμβάνει ἀνακοινώσεις, δηλώσεις καὶ συζητήσεις ἐπὶ τῶν τρεχόντων διεθνῶν καὶ ἐσωτερικῶν ζητημάτων, ὅπως ἀνεκοινώθησαν ὑπὸ τῶν πρακτορείων εἰδήσεων. ΑΘΗΝΑΙ, 18.— Ἡ εἰδησεογραφία τῆς ἡμέρας περιλαμβάνει ἀνακοινώσεις, δηλώσεις καὶ συζητήσεις ἐπὶ τῶν τρεχόντων διεθνῶν καὶ ἐσωτερικῶν ζητημάτων, ὅπως ἀνεκοινώθησαν ὑπὸ τῶν πρακτορείων εἰδήσεων. ΑΘΗΝΑΙ, 18.— Ἡ εἰδησεογραφία τῆς ἡμέρας περιλαμβάνει ἀνακοινώσεις, δηλώσεις καὶ συζητήσεις ἐπὶ τῶν τρεχόντων διεθνῶν καὶ ἐσωτερικῶν ζητημάτων, ὅπως ἀνεκοινώθησαν ὑπὸ τῶν πρακτορείων εἰδήσεων. ΑΘΗΝΑΙ, 18.— Ἡ εἰδησεογραφία τῆς ἡμέρας περιλαμβάνει ἀνακοινώσεις, δηλώσεις καὶ συζητήσεις ἐπὶ τῶν τρεχόντων διεθνῶν καὶ ἐσωτερικῶν ζητημάτων, ὅπως ἀνεκοινώθησαν ὑπὸ τῶν πρακτορείων εἰδήσεων. ΑΘΗΝΑΙ, 18.— Ἡ εἰδησεογραφία τῆς ἡμέρας περιλαμβάνει ἀνακοινώσεις, δηλώσεις καὶ συζητήσεις ἐπὶ τῶν τρεχόντων διεθνῶν καὶ ἐσωτερικῶν ζητημάτων, ὅπως ἀνεκοινώθησαν ὑπὸ τῶν πρακτορείων εἰδήσεων. ΑΘΗΝΑΙ, 18.— Ἡ εἰδησεογραφία τῆς ἡμέρας περιλαμβάνει ἀνακοινώσεις, δηλώσεις καὶ συζητήσεις ἐπὶ τῶν τρεχόντων διεθνῶν καὶ ἐσωτερικῶν ζητημάτων, ὅπως ἀνεκοινώθησαν ὑπὸ τῶν πρακτορείων εἰδήσεων. ΑΘΗΝΑΙ, 18.— Ἡ εἰδησεογραφία τῆς ἡμέρας περιλαμβάνει ἀνακοινώσεις, δηλώσεις καὶ συζητήσεις ἐπὶ τῶν τρεχόντων διεθνῶν καὶ ἐσωτερικῶν ζητημάτων, ὅπως ἀνεκοινώθησαν ὑπὸ τῶν πρακτορείων εἰδήσεων. ΑΘΗΝΑΙ, 18.— Ἡ εἰδησεογραφία τῆς ἡμέρας περιλαμβάνει ἀνακοινώσεις, δηλώσεις καὶ συζητήσεις ἐπὶ τῶν τρεχόντων διεθνῶν καὶ ἐσωτερικῶν ζητημάτων, ὅπως ἀνεκοινώθησαν ὑπὸ τῶν πρακτορείων εἰδήσεων. ΑΘΗΝΑΙ, 18.— Ἡ εἰδησεογραφία τῆς ἡμέρας περιλαμβάνει ἀνακοινώσεις, δηλώσεις καὶ συζητήσεις ἐπὶ τῶν τρεχόντων διεθνῶν καὶ ἐσωτερικῶν ζητημάτων, ὅπως ἀνεκοινώθησαν ὑπὸ τῶν πρακτορείων εἰδήσεων. ΑΘΗΝΑΙ, 18.— Ἡ εἰδησεογραφία τῆς ἡμέρας περιλαμβάνει ἀνακοινώσεις, δηλώσεις καὶ συζητήσεις ἐπὶ τῶν τρεχόντων διεθνῶν καὶ ἐσωτερικῶν ζητημάτων, ὅπως ἀνεκοινώθησαν ὑπὸ τῶν πρακτορείων εἰδήσεων. ΑΘΗΝΑΙ, 18.— Ἡ εἰδησεογραφία τῆς ἡμέρας περιλαμβάνει ἀνακοινώσεις, δηλώσεις καὶ συζητήσεις ἐπὶ τῶν τρεχόντων διεθνῶν καὶ ἐσωτερικῶν ζητημάτων, ὅπως ἀνεκοινώθησαν ὑπὸ τῶν πρακτορείων εἰδήσεων. ΑΘΗΝΑΙ, 18.— Ἡ εἰδησεογραφία τῆς ἡμέρας περιλαμβάνει ἀνακοινώσεις, δηλώσεις καὶ συζητήσεις ἐπὶ τῶν τρεχόντων διεθνῶν καὶ ἐσωτερικῶν ζητημάτων, ὅπως ἀνεκοινώθησαν ὑπὸ τῶν πρακτορείων εἰδήσεων. ΑΘΗΝΑΙ, 18.— Ἡ εἰδησεογραφία τῆς ἡμέρας περιλαμβάνει ἀνακοινώσεις, δηλώσεις καὶ συζητήσεις ἐπὶ τῶν τρεχόντων διεθνῶν καὶ ἐσωτερικῶν ζητημάτων, ὅπως ἀνεκοινώθησαν ὑπὸ τῶν πρακτορείων εἰδήσεων. ΑΘΗΝΑΙ, 18.— Ἡ εἰδησεογραφία τῆς ἡμέρας περιλαμβάνει ἀνακοινώσεις, δηλώσεις καὶ συζητήσεις ἐπὶ τῶν τρεχόντων διεθνῶν καὶ ἐσωτερικῶν ζητημάτων, ὅπως ἀνεκοινώθησαν ὑπὸ τῶν πρακτορείων εἰδήσεων. ΑΘΗΝΑΙ, 18.— Ἡ εἰδησεογραφία τῆς ἡμέρας περιλαμβάνει ἀνακοινώσεις, δηλώσεις καὶ συζητήσεις ἐπὶ τῶν τρεχόντων διεθνῶν καὶ ἐσωτερικῶν ζητημάτων, ὅπως ἀνεκοινώθησαν ὑπὸ τῶν πρακτορείων εἰδήσεων. ΑΘΗΝΑΙ, 18.— Ἡ εἰδησεογραφία τῆς ἡμέρας περιλαμβάνει ἀνακοινώσεις, δηλώσεις καὶ συζητήσεις ἐπὶ τῶν τρεχόντων διεθνῶν καὶ ἐσωτερικῶν ζητημάτων, ὅπως ἀνεκοινώθησαν ὑπὸ τῶν πρακτορείων εἰδήσεων. ΑΘΗΝΑΙ, 18.— Ἡ εἰδησεογραφία τῆς ἡμέρας περιλαμβάνει ἀνακοινώσεις, δηλώσεις καὶ συζητήσεις ἐπὶ τῶν τρεχόντων διεθνῶν καὶ ἐσωτερικῶν ζητημάτων, ὅπως ἀνεκοινώθησαν ὑπὸ τῶν πρακτορείων εἰδήσεων.
ΑΠΟΧΩΡΗΣΙΝ ΕΝΤΟΣ ΤΟΥ ΕΤΟΥΣ ΕΚ ΒΙΕΤΝΑΜ ΟΛΩΝ ΤΩΝ ΑΜΕΡΙΚΑΝΙΚΩΝ ΣΤΡΑΤΕΥΜΑΤΩΝ ΣΥΝΕΣΤΗΣΕΝ Ο ΚΛΙΦΦΟΡΝΤ ΕΙΣ ΤΟΝ ΝΙΞΟΝ
ΘΑ ΠΑΡΑΜΕΙΝΟΥΝ ΠΡΟΣ ΕΝΙΣΧΥΣΙΝ ΜΟΝΟΝ ΑΙ ΑΕΡΟΠΟΡΙΚΑΙ ΔΥΝΑΜΕΙΣ
ΝΕΑ ΥΟΡΚΗ, 18. (Ρώυτερ).— Ὁ πρώην ὑπουργὸς Ἀμύνης κ. Κλάρκ Κλίφφορντ συνέστησεν εἰς τὸν Πρόεδρον Νίξον τὴν ἀποχώρησιν ἐντὸς τοῦ ἔτους ὅλων τῶν ἀμερικανικῶν χερσαίων στρατευμάτων ἐκ Βιετνὰμ. ΑΘΗΝΑΙ, 18.— Ἡ εἰδησεογραφία τῆς ἡμέρας περιλαμβάνει ἀνακοινώσεις, δηλώσεις καὶ συζητήσεις ἐπὶ τῶν τρεχόντων διεθνῶν καὶ ἐσωτερικῶν ζητημάτων, ὅπως ἀνεκοινώθησαν ὑπὸ τῶν πρακτορείων εἰδήσεων. ΑΘΗΝΑΙ, 18.— Ἡ εἰδησεογραφία τῆς ἡμέρας περιλαμβάνει ἀνακοινώσεις, δηλώσεις καὶ συζητήσεις ἐπὶ τῶν τρεχόντων διεθνῶν καὶ ἐσωτερικῶν ζητημάτων, ὅπως ἀνεκοινώθησαν ὑπὸ τῶν πρακτορείων εἰδήσεων. ΑΘΗΝΑΙ, 18.— Ἡ εἰδησεογραφία τῆς ἡμέρας περιλαμβάνει ἀνακοινώσεις, δηλώσεις καὶ συζητήσεις ἐπὶ τῶν τρεχόντων διεθνῶν καὶ ἐσωτερικῶν ζητημάτων, ὅπως ἀνεκοινώθησαν ὑπὸ τῶν πρακτορείων εἰδήσεων. ΑΘΗΝΑΙ, 18.— Ἡ εἰδησεογραφία τῆς ἡμέρας περιλαμβάνει ἀνακοινώσεις, δηλώσεις καὶ συζητήσεις ἐπὶ τῶν τρεχόντων διεθνῶν καὶ ἐσωτερικῶν ζητημάτων, ὅπως ἀνεκοινώθησαν ὑπὸ τῶν πρακτορείων εἰδήσεων. ΑΘΗΝΑΙ, 18.— Ἡ εἰδησεογραφία τῆς ἡμέρας περιλαμβάνει ἀνακοινώσεις, δηλώσεις καὶ συζητήσεις ἐπὶ τῶν τρεχόντων διεθνῶν καὶ ἐσωτερικῶν ζητημάτων, ὅπως ἀνεκοινώθησαν ὑπὸ τῶν πρακτορείων εἰδήσεων. ΑΘΗΝΑΙ, 18.— Ἡ εἰδησεογραφία τῆς ἡμέρας περιλαμβάνει ἀνακοινώσεις, δηλώσεις καὶ συζητήσεις ἐπὶ τῶν τρεχόντων διεθνῶν καὶ ἐσωτερικῶν ζητημάτων, ὅπως ἀνεκοινώθησαν ὑπὸ τῶν πρακτορείων εἰδήσεων. ΑΘΗΝΑΙ, 18.— Ἡ εἰδησεογραφία τῆς ἡμέρας περιλαμβάνει ἀνακοινώσεις, δηλώσεις καὶ συζητήσεις ἐπὶ τῶν τρεχόντων διεθνῶν καὶ ἐσωτερικῶν ζητημάτων, ὅπως ἀνεκοινώθησαν ὑπὸ τῶν πρακτορείων εἰδήσεων. ΑΘΗΝΑΙ, 18.— Ἡ εἰδησεογραφία τῆς ἡμέρας περιλαμβάνει ἀνακοινώσεις, δηλώσεις καὶ συζητήσεις ἐπὶ τῶν τρεχόντων διεθνῶν καὶ ἐσωτερικῶν ζητημάτων, ὅπως ἀνεκοινώθησαν ὑπὸ τῶν πρακτορείων εἰδήσεων. ΑΘΗΝΑΙ, 18.— Ἡ εἰδησεογραφία τῆς ἡμέρας περιλαμβάνει ἀνακοινώσεις, δηλώσεις καὶ συζητήσεις ἐπὶ τῶν τρεχόντων διεθνῶν καὶ ἐσωτερικῶν ζητημάτων, ὅπως ἀνεκοινώθησαν ὑπὸ τῶν πρακτορείων εἰδήσεων. ΑΘΗΝΑΙ, 18.— Ἡ εἰδησεογραφία τῆς ἡμέρας περιλαμβάνει ἀνακοινώσεις, δηλώσεις καὶ συζητήσεις ἐπὶ τῶν τρεχόντων διεθνῶν καὶ ἐσωτερικῶν ζητημάτων, ὅπως ἀνεκοινώθησαν ὑπὸ τῶν πρακτορείων εἰδήσεων. ΑΘΗΝΑΙ, 18.— Ἡ εἰδησεογραφία τῆς ἡμέρας περιλαμβάνει ἀνακοινώσεις, δηλώσεις καὶ συζητήσεις ἐπὶ τῶν τρεχόντων διεθνῶν καὶ ἐσωτερικῶν ζητημάτων, ὅπως ἀνεκοινώθησαν ὑπὸ τῶν πρακτορείων εἰδήσεων. ΑΘΗΝΑΙ, 18.— Ἡ εἰδησεογραφία τῆς ἡμέρας περιλαμβάνει ἀνακοινώσεις, δηλώσεις καὶ συζητήσεις ἐπὶ τῶν τρεχόντων διεθνῶν καὶ ἐσωτερικῶν ζητημάτων, ὅπως ἀνεκοινώθησαν ὑπὸ τῶν πρακτορείων εἰδήσεων. ΑΘΗΝΑΙ, 18.— Ἡ εἰδησεογραφία τῆς ἡμέρας περιλαμβάνει ἀνακοινώσεις, δηλώσεις καὶ συζητήσεις ἐπὶ τῶν τρεχόντων διεθνῶν καὶ ἐσωτερικῶν ζητημάτων, ὅπως ἀνεκοινώθησαν ὑπὸ τῶν πρακτορείων εἰδήσεων. ΑΘΗΝΑΙ, 18.— Ἡ εἰδησεογραφία τῆς ἡμέρας περιλαμβάνει ἀνακοινώσεις, δηλώσεις καὶ συζητήσεις ἐπὶ τῶν τρεχόντων διεθνῶν καὶ ἐσωτερικῶν ζητημάτων, ὅπως ἀνεκοινώθησαν ὑπὸ τῶν πρακτορείων εἰδήσεων. ΑΘΗΝΑΙ, 18.— Ἡ εἰδησεογραφία τῆς ἡμέρας περιλαμβάνει ἀνακοινώσεις, δηλώσεις καὶ συζητήσεις ἐπὶ τῶν τρεχόντων διεθνῶν καὶ ἐσωτερικῶν ζητημάτων, ὅπως ἀνεκοινώθησαν ὑπὸ τῶν πρακτορείων εἰδήσεων. ΑΘΗΝΑΙ, 18.— Ἡ εἰδησεογραφία τῆς ἡμέρας περιλαμβάνει ἀνακοινώσεις, δηλώσεις καὶ συζητήσεις ἐπὶ τῶν τρεχόντων διεθνῶν καὶ ἐσωτερικῶν ζητημάτων, ὅπως ἀνεκοινώθησαν ὑπὸ τῶν πρακτορείων εἰδήσεων. ΑΘΗΝΑΙ, 18.— Ἡ εἰδησεογραφία τῆς ἡμέρας περιλαμβάνει ἀνακοινώσεις, δηλώσεις καὶ συζητήσεις ἐπὶ τῶν τρεχόντων διεθνῶν καὶ ἐσωτερικῶν ζητημάτων, ὅπως ἀνεκοινώθησαν ὑπὸ τῶν πρακτορείων εἰδήσεων. ΑΘΗΝΑΙ, 18.— Ἡ εἰδησεογραφία τῆς ἡμέρας περιλαμβάνει ἀνακοινώσεις, δηλώσεις καὶ συζητήσεις ἐπὶ τῶν τρεχόντων διεθνῶν καὶ ἐσωτερικῶν ζητημάτων, ὅπως ἀνεκοινώθησαν ὑπὸ τῶν πρακτορείων εἰδήσεων. ΑΘΗΝΑΙ, 18.— Ἡ εἰδησεογραφία τῆς ἡμέρας περιλαμβάνει ἀνακοινώσεις, δηλώσεις καὶ συζητήσεις ἐπὶ τῶν τρεχόντων διεθνῶν καὶ ἐσωτερικῶν ζητημάτων, ὅπως ἀνεκοινώθησαν ὑπὸ τῶν πρακτορείων εἰδήσεων. ΑΘΗΝΑΙ, 18.— Ἡ εἰδησεογραφία τῆς ἡμέρας περιλαμβάνει ἀνακοινώσεις, δηλώσεις καὶ συζητήσεις ἐπὶ τῶν τρεχόντων διεθνῶν καὶ ἐσωτερικῶν ζητημάτων, ὅπως ἀνεκοινώθησαν ὑπὸ τῶν πρακτορείων εἰδήσεων. ΑΘΗΝΑΙ, 18.— Ἡ εἰδησεογραφία τῆς ἡμέρας περιλαμβάνει ἀνακοινώσεις, δηλώσεις καὶ συζητήσεις ἐπὶ τῶν τρεχόντων διεθνῶν καὶ ἐσωτερικῶν ζητημάτων, ὅπως ἀνεκοινώθησαν ὑπὸ τῶν πρακτορείων εἰδήσεων. ΑΘΗΝΑΙ, 18.— Ἡ εἰδησεογραφία τῆς ἡμέρας περιλαμβάνει ἀνακοινώσεις, δηλώσεις καὶ συζητήσεις ἐπὶ τῶν τρεχόντων διεθνῶν καὶ ἐσωτερικῶν ζητημάτων, ὅπως ἀνεκοινώθησαν ὑπὸ τῶν πρακτορείων εἰδήσεων. ΑΘΗΝΑΙ, 18.— Ἡ εἰδησεογραφία τῆς ἡμέρας περιλαμβάνει ἀνακοινώσεις, δηλώσεις καὶ συζητήσεις ἐπὶ τῶν τρεχόντων διεθνῶν καὶ ἐσωτερικῶν ζητημάτων, ὅπως ἀνεκοινώθησαν ὑπὸ τῶν πρακτορείων εἰδήσεων. ΑΘΗΝΑΙ, 18.— Ἡ εἰδησεογραφία τῆς ἡμέρας περιλαμβάνει ἀνακοινώσεις, δηλώσεις καὶ συζητήσεις ἐπὶ τῶν τρεχόντων διεθνῶν καὶ ἐσωτερικῶν ζητημάτων, ὅπως ἀνεκοινώθησαν ὑπὸ τῶν πρακτορείων εἰδήσεων. ΑΘΗΝΑΙ, 18.— Ἡ εἰδησεογραφία τῆς ἡμέρας περιλαμβάνει ἀνακοινώσεις, δηλώσεις καὶ συζητήσεις ἐπὶ τῶν τρεχόντων διεθνῶν καὶ ἐσωτερικῶν ζητημάτων, ὅπως ἀνεκοινώθησαν ὑπὸ τῶν πρακτορείων εἰδήσεων. ΑΘΗΝΑΙ, 18.— Ἡ εἰδησεογραφία τῆς ἡμέρας περιλαμβάνει ἀνακοινώσεις, δηλώσεις καὶ συζητήσεις ἐπὶ τῶν τρεχόντων διεθνῶν καὶ ἐσωτερικῶν ζητημάτων, ὅπως ἀνεκοινώθησαν ὑπὸ τῶν πρακτορείων εἰδήσεων. ΑΘΗΝΑΙ, 18.— Ἡ εἰδησεογραφία τῆς ἡμέρας περιλαμβάνει ἀνακοινώσεις, δηλώσεις καὶ συζητήσεις ἐπὶ τῶν τρεχόντων διεθνῶν καὶ ἐσωτερικῶν ζητημάτων, ὅπως ἀνεκοινώθησαν ὑπὸ τῶν πρακτορείων εἰδήσεων. ΑΘΗΝΑΙ, 18.— Ἡ εἰδησεογραφία τῆς ἡμέρας περιλαμβάνει ἀνακοινώσεις, δηλώσεις καὶ συζητήσεις ἐπὶ τῶν τρεχόντων διεθνῶν καὶ ἐσωτερικῶν ζητημάτων, ὅπως ἀνεκοινώθησαν ὑπὸ τῶν πρακτορείων εἰδήσεων. ΑΘΗΝΑΙ, 18.— Ἡ εἰδησεογραφία τῆς ἡμέρας περιλαμβάνει ἀνακοινώσεις, δηλώσεις καὶ συζητήσεις ἐπὶ τῶν τρεχόντων διεθνῶν καὶ ἐσωτερικῶν ζητημάτων, ὅπως ἀνεκοινώθησαν ὑπὸ τῶν πρακτορείων εἰδήσεων. ΑΘΗΝΑΙ, 18.— Ἡ εἰδησεογραφία τῆς ἡμέρας περιλαμβάνει ἀνακοινώσεις, δηλώσεις καὶ συζητήσεις ἐπὶ τῶν τρεχόντων διεθνῶν καὶ ἐσωτερικῶν ζητημάτων, ὅπως ἀνεκοινώθησαν ὑπὸ τῶν πρακτορείων εἰδήσεων. ΑΘΗΝΑΙ, 18.— Ἡ εἰδησεογραφία τῆς ἡμέρας περιλαμβάνει ἀνακοινώσεις, δηλώσεις καὶ συζητήσεις ἐπὶ τῶν τρεχόντων διεθνῶν καὶ ἐσωτερικῶν ζητημάτων, ὅπως ἀνεκοινώθησαν ὑπὸ τῶν πρακτορείων εἰδήσεων. ΑΘΗΝΑΙ, 18.— Ἡ εἰδησεογραφία τῆς ἡμέρας περιλαμβάνει ἀνακοινώσεις, δηλώσεις καὶ συζητήσεις ἐπὶ τῶν τρεχόντων διεθνῶν καὶ ἐσωτερικῶν ζητημάτων, ὅπως ἀνεκοινώθησαν ὑπὸ τῶν πρακτορείων εἰδήσεων. ΑΘΗΝΑΙ, 18.— Ἡ εἰδησεογραφία τῆς ἡμέρας περιλαμβάνει ἀνακοινώσεις, δηλώσεις καὶ συζητήσεις ἐπὶ τῶν τρεχόντων διεθνῶν καὶ ἐσωτερικῶν ζητημάτων, ὅπως ἀνεκοινώθησαν ὑπὸ τῶν πρακτορείων εἰδήσεων. ΑΘΗΝΑΙ, 18.— Ἡ εἰδησεογραφία τῆς ἡμέρας περιλαμβάνει ἀνακοινώσεις, δηλώσεις καὶ συζητήσεις ἐπὶ τῶν τρεχόντων διεθνῶν καὶ ἐσωτερικῶν ζητημάτων, ὅπως ἀνεκοινώθησαν ὑπὸ τῶν πρακτορείων εἰδήσεων. ΑΘΗΝΑΙ, 18.— Ἡ εἰδησεογραφία τῆς ἡμέρας περιλαμβάνει ἀνακοινώσεις, δηλώσεις καὶ συζητήσεις ἐπὶ τῶν τρεχόντων διεθνῶν καὶ ἐσωτερικῶν ζητημάτων, ὅπως ἀνεκοινώθησαν ὑπὸ τῶν πρακτορείων εἰδήσεων. ΑΘΗΝΑΙ, 18.— Ἡ εἰδησεογραφία τῆς ἡμέρας περιλαμβάνει ἀνακοινώσεις, δηλώσεις καὶ συζητήσεις ἐπὶ τῶν τρεχόντων διεθνῶν καὶ ἐσωτερικῶν ζητημάτων, ὅπως ἀνεκοινώθησαν ὑπὸ τῶν πρακτορείων εἰδήσεων. ΑΘΗΝΑΙ, 18.— Ἡ εἰδησεογραφία τῆς ἡμέρας περιλαμβάνει ἀνακοινώσεις, δηλώσεις καὶ συζητήσεις ἐπὶ τῶν τρεχόντων διεθνῶν καὶ ἐσωτερικῶν ζητημάτων, ὅπως ἀνεκοινώθησαν ὑπὸ τῶν πρακτορείων εἰδήσεων. ΑΘΗΝΑΙ, 18.— Ἡ εἰδησεογραφία τῆς ἡμέρας περιλαμβάνει ἀνακοινώσεις, δηλώσεις καὶ συζητήσεις ἐπὶ τῶν τρεχόντων διεθνῶν καὶ ἐσωτερικῶν ζητημάτων, ὅπως ἀνεκοινώθησαν ὑπὸ τῶν πρακτορείων εἰδήσεων. ΑΘΗΝΑΙ, 18.— Ἡ εἰδησεογραφία τῆς ἡμέρας περιλαμβάνει ἀνακοινώσεις, δηλώσεις καὶ συζητήσεις ἐπὶ τῶν τρεχόντων διεθνῶν καὶ ἐσωτερικῶν ζητημάτων, ὅπως ἀνεκοινώθησαν ὑπὸ τῶν πρακτορείων εἰδήσεων. ΑΘΗΝΑΙ, 18.— Ἡ εἰδησεογραφία τῆς ἡμέρας περιλαμβάνει ἀνακοινώσεις, δηλώσεις καὶ συζητήσεις ἐπὶ τῶν τρεχόντων διεθνῶν καὶ ἐσωτερικῶν ζητημάτων, ὅπως ἀνεκοινώθησαν ὑπὸ τῶν πρακτορείων εἰδήσεων. ΑΘΗΝΑΙ, 18.— Ἡ εἰδησεογραφία τῆς ἡμέρας περιλαμβάνει ἀνακοινώσεις, δηλώσεις καὶ συζητήσεις ἐπὶ τῶν τρεχόντων διεθνῶν καὶ ἐσωτερικῶν ζητημάτων, ὅπως ἀνεκοινώθησαν ὑπὸ τῶν πρακτορείων εἰδήσεων. ΑΘΗΝΑΙ, 18.— Ἡ εἰδησεογραφία τῆς ἡμέρας περιλαμβάνει ἀνακοινώσεις, δηλώσεις καὶ συζητήσεις ἐπὶ τῶν τρεχόντων διεθνῶν καὶ ἐσωτερικῶν ζητημάτων, ὅπως ἀνεκοινώθησαν ὑπὸ τῶν πρακτορείων εἰδήσεων. ΑΘΗΝΑΙ, 18.— Ἡ εἰδησεογραφία τῆς ἡμέρας περιλαμβάνει ἀνακοινώσεις, δηλώσεις καὶ συζητήσεις ἐπὶ τῶν τρεχόντων διεθνῶν καὶ ἐσωτερικῶν ζητημάτων, ὅπως ἀνεκοινώθησαν ὑπὸ τῶν πρακτορείων εἰδήσεων. ΑΘΗΝΑΙ, 18.— Ἡ εἰδησεογραφία τῆς ἡμέρας περιλαμβάνει ἀνακοινώσεις, δηλώσεις καὶ συζητήσεις ἐπὶ τῶν τρεχόντων διεθνῶν καὶ ἐσωτερικῶν ζητημάτων, ὅπως ἀνεκοινώθησαν ὑπὸ τῶν πρακτορείων εἰδήσεων. ΑΘΗΝΑΙ, 18.— Ἡ εἰδησεογραφία τῆς ἡμέρας περιλαμβάνει ἀνακοινώσεις, δηλώσεις καὶ συζητήσεις ἐπὶ τῶν τρεχόντων διεθνῶν καὶ ἐσωτερικῶν ζητημάτων, ὅπως ἀνεκοινώθησαν ὑπὸ τῶν πρακτορείων εἰδήσεων. ΑΘΗΝΑΙ, 18.— Ἡ εἰδησεογραφία τῆς ἡμέρας περιλαμβάνει ἀνακοινώσεις, δηλώσεις καὶ συζητήσεις ἐπὶ τῶν τρεχόντων διεθνῶν καὶ ἐσωτερικῶν ζητημάτων, ὅπως ἀνεκοινώθησαν ὑπὸ τῶν πρακτορείων εἰδήσεων. ΑΘΗΝΑΙ, 18.— Ἡ εἰδησεογραφία τῆς ἡμέρας περιλαμβάνει ἀνακοινώσεις, δηλώσεις καὶ συζητήσεις ἐπὶ τῶν τρεχόντων διεθνῶν καὶ ἐσωτερικῶν ζητημάτων, ὅπως ἀνεκοινώθησαν ὑπὸ τῶν πρακτορείων εἰδήσεων. ΑΘΗΝΑΙ, 18.— Ἡ εἰδησεογραφία τῆς ἡμέρας περιλαμβάνει ἀνακοινώσεις, δηλώσεις καὶ συζητήσεις ἐπὶ τῶν τρεχόντων διεθνῶν καὶ ἐσωτερικῶν ζητημάτων, ὅπως ἀνεκοινώθησαν ὑπὸ τῶν πρακτορείων εἰδήσεων.
Συντόμως καὶ ἡ Αἴγυπτος θὰ προβῇ εἰς ἀναγνώρισιν τῆς Ἀνατολικῆς Γερμανίας
Ο ΛΙΒΑΝΟΣ ΑΠΕΡΡΙΨΕ ΠΡΟΤΑΣΕΙΣ ΠΕΡΙ ΑΠΟΚΑΤΑΣΤΑΣΕΩΣ ΤΩΝ ΣΧΕΣΕΩΝ
ΑΘΗΝΑΙ, 18.— Ἡ εἰδησεογραφία τῆς ἡμέρας περιλαμβάνει ἀνακοινώσεις, δηλώσεις καὶ συζητήσεις ἐπὶ τῶν τρεχόντων διεθνῶν καὶ ἐσωτερικῶν ζητημάτων, ὅπως ἀνεκοινώθησαν ὑπὸ τῶν πρακτορείων εἰδήσεων. ΑΘΗΝΑΙ, 18.— Ἡ εἰδησεογραφία τῆς ἡμέρας περιλαμβάνει ἀνακοινώσεις, δηλώσεις καὶ συζητήσεις ἐπὶ τῶν τρεχόντων διεθνῶν καὶ ἐσωτερικῶν ζητημάτων, ὅπως ἀνεκοινώθησαν ὑπὸ τῶν πρακτορείων εἰδήσεων. ΑΘΗΝΑΙ, 18.— Ἡ εἰδησεογραφία τῆς ἡμέρας περιλαμβάνει ἀνακοινώσεις, δηλώσεις καὶ συζητήσεις ἐπὶ τῶν τρεχόντων διεθνῶν καὶ ἐσωτερικῶν ζητημάτων, ὅπως ἀνεκοινώθησαν ὑπὸ τῶν πρακτορείων εἰδήσεων. ΑΘΗΝΑΙ, 18.— Ἡ εἰδησεογραφία τῆς ἡμέρας περιλαμβάνει ἀνακοινώσεις, δηλώσεις καὶ συζητήσεις ἐπὶ τῶν τρεχόντων διεθνῶν καὶ ἐσωτερικῶν ζητημάτων, ὅπως ἀνεκοινώθησαν ὑπὸ τῶν πρακτορείων εἰδήσεων. ΑΘΗΝΑΙ, 18.— Ἡ εἰδησεογραφία τῆς ἡμέρας περιλαμβάνει ἀνακοινώσεις, δηλώσεις καὶ συζητήσεις ἐπὶ τῶν τρεχόντων διεθνῶν καὶ ἐσωτερικῶν ζητημάτων, ὅπως ἀνεκοινώθησαν ὑπὸ τῶν πρακτορείων εἰδήσεων. ΑΘΗΝΑΙ, 18.— Ἡ εἰδησεογραφία τῆς ἡμέρας περιλαμβάνει ἀνακοινώσεις, δηλώσεις καὶ συζητήσεις ἐπὶ τῶν τρεχόντων διεθνῶν καὶ ἐσωτερικῶν ζητημάτων, ὅπως ἀνεκοινώθησαν ὑπὸ τῶν πρακτορείων εἰδήσεων. ΑΘΗΝΑΙ, 18.— Ἡ εἰδησεογραφία τῆς ἡμέρας περιλαμβάνει ἀνακοινώσεις, δηλώσεις καὶ συζητήσεις ἐπὶ τῶν τρεχόντων διεθνῶν καὶ ἐσωτερικῶν ζητημάτων, ὅπως ἀνεκοινώθησαν ὑπὸ τῶν πρακτορείων εἰδήσεων. ΑΘΗΝΑΙ, 18.— Ἡ εἰδησεογραφία τῆς ἡμέρας περιλαμβάνει ἀνακοινώσεις, δηλώσεις καὶ συζητήσεις ἐπὶ τῶν τρεχόντων διεθνῶν καὶ ἐσωτερικῶν ζητημάτων, ὅπως ἀνεκοινώθησαν ὑπὸ τῶν πρακτορείων εἰδήσεων. ΑΘΗΝΑΙ, 18.— Ἡ εἰδησεογραφία τῆς ἡμέρας περιλαμβάνει ἀνακοινώσεις, δηλώσεις καὶ συζητήσεις ἐπὶ τῶν τρεχόντων διεθνῶν καὶ ἐσωτερικῶν ζητημάτων, ὅπως ἀνεκοινώθησαν ὑπὸ τῶν πρακτορείων εἰδήσεων. ΑΘΗΝΑΙ, 18.— Ἡ εἰδησεογραφία τῆς ἡμέρας περιλαμβάνει ἀνακοινώσεις, δηλώσεις καὶ συζητήσεις ἐπὶ τῶν τρεχόντων διεθνῶν καὶ ἐσωτερικῶν ζητημάτων, ὅπως ἀνεκοινώθησαν ὑπὸ τῶν πρακτορείων εἰδήσεων. ΑΘΗΝΑΙ, 18.— Ἡ εἰδησεογραφία τῆς ἡμέρας περιλαμβάνει ἀνακοινώσεις, δηλώσεις καὶ συζητήσεις ἐπὶ τῶν τρεχόντων διεθνῶν καὶ ἐσωτερικῶν ζητημάτων, ὅπως ἀνεκοινώθησαν ὑπὸ τῶν πρακτορείων εἰδήσεων. ΑΘΗΝΑΙ, 18.— Ἡ εἰδησεογραφία τῆς ἡμέρας περιλαμβάνει ἀνακοινώσεις, δηλώσεις καὶ συζητήσεις ἐπὶ τῶν τρεχόντων διεθνῶν καὶ ἐσωτερικῶν ζητημάτων, ὅπως ἀνεκοινώθησαν ὑπὸ τῶν πρακτορείων εἰδήσεων.
ΑΜΕΤΑΒΛΗΤΟΣ Η ΘΕΡΜΟΚΡΑΣΙΑ
Γ. ΠΑΠΑΔΟΠΟΥΛΟΣ
Ἀρχίζουν αἱ συνομιλίαι διὰ τὸν περιορισμὸν τῶν πυραυλικῶν ὅπλων
ΟΙ ΡΩΣΣΟΙ ΟΜΩΣ ΦΕΡΟΝΤΑΙ ΩΣ ΕΠΙΔΙΩΚΟΝΤΕΣ ΝΑ ΚΑΤΑΦΕΡΟΥΝ ΠΥΡΗΝΙΚΟΝ ΠΛΗΓΜΑ
ΟΥΑΣΙΓΚΤΩΝ, 18. (Ρώυτερ).— Ὁ πρόεδρος Νίξον ἐκάλεσε εἰς τὸν Λευκὸν Οἶκον ἀνωτέρους στρατιωτικοὺς καὶ πολιτικοὺς ἀξιωματούχους διὰ νὰ συζητήσουν τὰς προτάσεις διὰ τὰς συνομιλίας περὶ τοῦ περιορισμοῦ τῶν στρατηγικῶν ὅπλων. ΑΘΗΝΑΙ, 18.— Ἡ εἰδησεογραφία τῆς ἡμέρας περιλαμβάνει ἀνακοινώσεις, δηλώσεις καὶ συζητήσεις ἐπὶ τῶν τρεχόντων διεθνῶν καὶ ἐσωτερικῶν ζητημάτων, ὅπως ἀνεκοινώθησαν ὑπὸ τῶν πρακτορείων εἰδήσεων. ΑΘΗΝΑΙ, 18.— Ἡ εἰδησεογραφία τῆς ἡμέρας περιλαμβάνει ἀνακοινώσεις, δηλώσεις καὶ συζητήσεις ἐπὶ τῶν τρεχόντων διεθνῶν καὶ ἐσωτερικῶν ζητημάτων, ὅπως ἀνεκοινώθησαν ὑπὸ τῶν πρακτορείων εἰδήσεων. ΑΘΗΝΑΙ, 18.— Ἡ εἰδησεογραφία τῆς ἡμέρας περιλαμβάνει ἀνακοινώσεις, δηλώσεις καὶ συζητήσεις ἐπὶ τῶν τρεχόντων διεθνῶν καὶ ἐσωτερικῶν ζητημάτων, ὅπως ἀνεκοινώθησαν ὑπὸ τῶν πρακτορείων εἰδήσεων. ΑΘΗΝΑΙ, 18.— Ἡ εἰδησεογραφία τῆς ἡμέρας περιλαμβάνει ἀνακοινώσεις, δηλώσεις καὶ συζητήσεις ἐπὶ τῶν τρεχόντων διεθνῶν καὶ ἐσωτερικῶν ζητημάτων, ὅπως ἀνεκοινώθησαν ὑπὸ τῶν πρακτορείων εἰδήσεων. ΑΘΗΝΑΙ, 18.— Ἡ εἰδησεογραφία τῆς ἡμέρας περιλαμβάνει ἀνακοινώσεις, δηλώσεις καὶ συζητήσεις ἐπὶ τῶν τρεχόντων διεθνῶν καὶ ἐσωτερικῶν ζητημάτων, ὅπως ἀνεκοινώθησαν ὑπὸ τῶν πρακτορείων εἰδήσεων. ΑΘΗΝΑΙ, 18.— Ἡ εἰδησεογραφία τῆς ἡμέρας περιλαμβάνει ἀνακοινώσεις, δηλώσεις καὶ συζητήσεις ἐπὶ τῶν τρεχόντων διεθνῶν καὶ ἐσωτερικῶν ζητημάτων, ὅπως ἀνεκοινώθησαν ὑπὸ τῶν πρακτορείων εἰδήσεων. ΑΘΗΝΑΙ, 18.— Ἡ εἰδησεογραφία τῆς ἡμέρας περιλαμβάνει ἀνακοινώσεις, δηλώσεις καὶ συζητήσεις ἐπὶ τῶν τρεχόντων διεθνῶν καὶ ἐσωτερικῶν ζητημάτων, ὅπως ἀνεκοινώθησαν ὑπὸ τῶν πρακτορείων εἰδήσεων. ΑΘΗΝΑΙ, 18.— Ἡ εἰδησεογραφία τῆς ἡμέρας περιλαμβάνει ἀνακοινώσεις, δηλώσεις καὶ συζητήσεις ἐπὶ τῶν τρεχόντων διεθνῶν καὶ ἐσωτερικῶν ζητημάτων, ὅπως ἀνεκοινώθησαν ὑπὸ τῶν πρακτορείων εἰδήσεων. ΑΘΗΝΑΙ, 18.— Ἡ εἰδησεογραφία τῆς ἡμέρας περιλαμβάνει ἀνακοινώσεις, δηλώσεις καὶ συζητήσεις ἐπὶ τῶν τρεχόντων διεθνῶν καὶ ἐσωτερικῶν ζητημάτων, ὅπως ἀνεκοινώθησαν ὑπὸ τῶν πρακτορείων εἰδήσεων. ΑΘΗΝΑΙ, 18.— Ἡ εἰδησεογραφία τῆς ἡμέρας περιλαμβάνει ἀνακοινώσεις, δηλώσεις καὶ συζητήσεις ἐπὶ τῶν τρεχόντων διεθνῶν καὶ ἐσωτερικῶν ζητημάτων, ὅπως ἀνεκοινώθησαν ὑπὸ τῶν πρακτορείων εἰδήσεων. ΑΘΗΝΑΙ, 18.— Ἡ εἰδησεογραφία τῆς ἡμέρας περιλαμβάνει ἀνακοινώσεις, δηλώσεις καὶ συζητήσεις ἐπὶ τῶν τρεχόντων διεθνῶν καὶ ἐσωτερικῶν ζητημάτων, ὅπως ἀνεκοινώθησαν ὑπὸ τῶν πρακτορείων εἰδήσεων. ΑΘΗΝΑΙ, 18.— Ἡ εἰδησεογραφία τῆς ἡμέρας περιλαμβάνει ἀνακοινώσεις, δηλώσεις καὶ συζητήσεις ἐπὶ τῶν τρεχόντων διεθνῶν καὶ ἐσωτερικῶν ζητημάτων, ὅπως ἀνεκοινώθησαν ὑπὸ τῶν πρακτορείων εἰδήσεων.
ΤΡΙΑ ΑΤΟΜΑ ΚΑΤΕΔΙΚΑΣΘΗΣΑΝ ΕΙΣ ΣΚΟΠΙΑ ΔΙΑ ΠΡΟΠΑΓΑΝΔΑΝ ΕΝΑΝΤΙΟΝ ΤΟΥ ΛΑΟΥ
ΕΙΧΟΝ ΜΕΤΑΣΧΕΙ ΕΙΣ ΔΙΑΔΗΛΩΣΕΙΣ ΤΟΥ ΤΕΤΟΒΟ
ΑΘΗΝΑΙ, 18.— Ἡ εἰδησεογραφία τῆς ἡμέρας περιλαμβάνει ἀνακοινώσεις, δηλώσεις καὶ συζητήσεις ἐπὶ τῶν τρεχόντων διεθνῶν καὶ ἐσωτερικῶν ζητημάτων, ὅπως ἀνεκοινώθησαν ὑπὸ τῶν πρακτορείων εἰδήσεων. ΑΘΗΝΑΙ, 18.— Ἡ εἰδησεογραφία τῆς ἡμέρας περιλαμβάνει ἀνακοινώσεις, δηλώσεις καὶ συζητήσεις ἐπὶ τῶν τρεχόντων διεθνῶν καὶ ἐσωτερικῶν ζητημάτων, ὅπως ἀνεκοινώθησαν ὑπὸ τῶν πρακτορείων εἰδήσεων. ΑΘΗΝΑΙ, 18.— Ἡ εἰδησεογραφία τῆς ἡμέρας περιλαμβάνει ἀνακοινώσεις, δηλώσεις καὶ συζητήσεις ἐπὶ τῶν τρεχόντων διεθνῶν καὶ ἐσωτερικῶν ζητημάτων, ὅπως ἀνεκοινώθησαν ὑπὸ τῶν πρακτορείων εἰδήσεων.
ΕΠΙΤΡΟΠΗ ΤΗΣ ΓΕΡΟΥΣΙΑΣ ΕΝΕΚΡΙΝΕ ΝΟΜΟΝ ΠΕΡΙ ΕΞΑΓΩΓΩΝ ΠΡΟΣ ΧΩΡΑΣ ΤΟΥ ΜΠΛΟΚ ΠΑΡΑ ΤΑΣ ΙΣΧΥΡΑΣ ΑΝΤΙΔΡΑΣΕΙΣ ΤΟΥ ΝΙΞΟΝ
ΑΘΗΝΑΙ, 18.— Ἡ εἰδησεογραφία τῆς ἡμέρας περιλαμβάνει ἀνακοινώσεις, δηλώσεις καὶ συζητήσεις ἐπὶ τῶν τρεχόντων διεθνῶν καὶ ἐσωτερικῶν ζητημάτων, ὅπως ἀνεκοινώθησαν ὑπὸ τῶν πρακτορείων εἰδήσεων. ΑΘΗΝΑΙ, 18.— Ἡ εἰδησεογραφία τῆς ἡμέρας περιλαμβάνει ἀνακοινώσεις, δηλώσεις καὶ συζητήσεις ἐπὶ τῶν τρεχόντων διεθνῶν καὶ ἐσωτερικῶν ζητημάτων, ὅπως ἀνεκοινώθησαν ὑπὸ τῶν πρακτορείων εἰδήσεων. ΑΘΗΝΑΙ, 18.— Ἡ εἰδησεογραφία τῆς ἡμέρας περιλαμβάνει ἀνακοινώσεις, δηλώσεις καὶ συζητήσεις ἐπὶ τῶν τρεχόντων διεθνῶν καὶ ἐσωτερικῶν ζητημάτων, ὅπως ἀνεκοινώθησαν ὑπὸ τῶν πρακτορείων εἰδήσεων. ΑΘΗΝΑΙ, 18.— Ἡ εἰδησεογραφία τῆς ἡμέρας περιλαμβάνει ἀνακοινώσεις, δηλώσεις καὶ συζητήσεις ἐπὶ τῶν τρεχόντων διεθνῶν καὶ ἐσωτερικῶν ζητημάτων, ὅπως ἀνεκοινώθησαν ὑπὸ τῶν πρακτορείων εἰδήσεων. ΑΘΗΝΑΙ, 18.— Ἡ εἰδησεογραφία τῆς ἡμέρας περιλαμβάνει ἀνακοινώσεις, δηλώσεις καὶ συζητήσεις ἐπὶ τῶν τρεχόντων διεθνῶν καὶ ἐσωτερικῶν ζητημάτων, ὅπως ἀνεκοινώθησαν ὑπὸ τῶν πρακτορείων εἰδήσεων.
ΠΕΝΤΑΜΕΡΕΙΣ ΔΙΑΠΡΑΓΜΑΤΕΥΣΕΙΣ ΕΙΣ ΤΗΝ ΚΑΜΠΕΡΡΑ ΔΙΑ ΤΗΝ ΑΜΥΝΑΝ ΤΗΣ ΜΑΛΑΙΣΙΑΣ ΚΑΙ ΣΙΓΚΑΠΟΥΡΗΣ
ΑΘΗΝΑΙ, 18.— Ἡ εἰδησεογραφία τῆς ἡμέρας περιλαμβάνει ἀνακοινώσεις, δηλώσεις καὶ συζητήσεις ἐπὶ τῶν τρεχόντων διεθνῶν καὶ ἐσωτερικῶν ζητημάτων, ὅπως ἀνεκοινώθησαν ὑπὸ τῶν πρακτορείων εἰδήσεων. ΑΘΗΝΑΙ, 18.— Ἡ εἰδησεογραφία τῆς ἡμέρας περιλαμβάνει ἀνακοινώσεις, δηλώσεις καὶ συζητήσεις ἐπὶ τῶν τρεχόντων διεθνῶν καὶ ἐσωτερικῶν ζητημάτων, ὅπως ἀνεκοινώθησαν ὑπὸ τῶν πρακτορείων εἰδήσεων. ΑΘΗΝΑΙ, 18.— Ἡ εἰδησεογραφία τῆς ἡμέρας περιλαμβάνει ἀνακοινώσεις, δηλώσεις καὶ συζητήσεις ἐπὶ τῶν τρεχόντων διεθνῶν καὶ ἐσωτερικῶν ζητημάτων, ὅπως ἀνεκοινώθησαν ὑπὸ τῶν πρακτορείων εἰδήσεων. ΑΘΗΝΑΙ, 18.— Ἡ εἰδησεογραφία τῆς ἡμέρας περιλαμβάνει ἀνακοινώσεις, δηλώσεις καὶ συζητήσεις ἐπὶ τῶν τρεχόντων διεθνῶν καὶ ἐσωτερικῶν ζητημάτων, ὅπως ἀνεκοινώθησαν ὑπὸ τῶν πρακτορείων εἰδήσεων. ΑΘΗΝΑΙ, 18.— Ἡ εἰδησεογραφία τῆς ἡμέρας περιλαμβάνει ἀνακοινώσεις, δηλώσεις καὶ συζητήσεις ἐπὶ τῶν τρεχόντων διεθνῶν καὶ ἐσωτερικῶν ζητημάτων, ὅπως ἀνεκοινώθησαν ὑπὸ τῶν πρακτορείων εἰδήσεων.
Η ΚΟΙΝΗ ΑΓΟΡΑ ΠΑΡΑΧΩΡΕΙ ΔΩΡΕΑΝ ΔΗΜΗΤΡΙΑΚΑ ΕΙΣ ΤΥΝΗΣΙΑΝ, ΠΑΚΙΣΤΑΝ, ΣΟΥΔΑΝ ΚΑΙ ΙΝΔΟΝΗΣΙΑΝ
ΑΘΗΝΑΙ, 18.— Ἡ εἰδησεογραφία τῆς ἡμέρας περιλαμβάνει ἀνακοινώσεις, δηλώσεις καὶ συζητήσεις ἐπὶ τῶν τρεχόντων διεθνῶν καὶ ἐσωτερικῶν ζητημάτων, ὅπως ἀνεκοινώθησαν ὑπὸ τῶν πρακτορείων εἰδήσεων. ΑΘΗΝΑΙ, 18.— Ἡ εἰδησεογραφία τῆς ἡμέρας περιλαμβάνει ἀνακοινώσεις, δηλώσεις καὶ συζητήσεις ἐπὶ τῶν τρεχόντων διεθνῶν καὶ ἐσωτερικῶν ζητημάτων, ὅπως ἀνεκοινώθησαν ὑπὸ τῶν πρακτορείων εἰδήσεων. ΑΘΗΝΑΙ, 18.— Ἡ εἰδησεογραφία τῆς ἡμέρας περιλαμβάνει ἀνακοινώσεις, δηλώσεις καὶ συζητήσεις ἐπὶ τῶν τρεχόντων διεθνῶν καὶ ἐσωτερικῶν ζητημάτων, ὅπως ἀνεκοινώθησαν ὑπὸ τῶν πρακτορείων εἰδήσεων. ΑΘΗΝΑΙ, 18.— Ἡ εἰδησεογραφία τῆς ἡμέρας περιλαμβάνει ἀνακοινώσεις, δηλώσεις καὶ συζητήσεις ἐπὶ τῶν τρεχόντων διεθνῶν καὶ ἐσωτερικῶν ζητημάτων, ὅπως ἀνεκοινώθησαν ὑπὸ τῶν πρακτορείων εἰδήσεων. ΑΘΗΝΑΙ, 18.— Ἡ εἰδησεογραφία τῆς ἡμέρας περιλαμβάνει ἀνακοινώσεις, δηλώσεις καὶ συζητήσεις ἐπὶ τῶν τρεχόντων διεθνῶν καὶ ἐσωτερικῶν ζητημάτων, ὅπως ἀνεκοινώθησαν ὑπὸ τῶν πρακτορείων εἰδήσεων.
ΦΑΡΑΩΝΙΚΟΣ ΝΑΟΣ ΚΙΝΔΥΝΕΥΩΝ ΝΑ ΚΑΤΑΠΟΝΤΙΣΘΗ ΘΑ ΜΕΤΑΦΕΡΘΗ ΕΝΤΟΣ ΠΕΝΤΑΕΤΙΑΣ ΕΙΣ ΑΛΛΟ ΣΗΜΕΙΟΝ
ΑΘΗΝΑΙ, 18.— Ἡ εἰδησεογραφία τῆς ἡμέρας περιλαμβάνει ἀνακοινώσεις, δηλώσεις καὶ συζητήσεις ἐπὶ τῶν τρεχόντων διεθνῶν καὶ ἐσωτερικῶν ζητημάτων, ὅπως ἀνεκοινώθησαν ὑπὸ τῶν πρακτορείων εἰδήσεων. ΑΘΗΝΑΙ, 18.— Ἡ εἰδησεογραφία τῆς ἡμέρας περιλαμβάνει ἀνακοινώσεις, δηλώσεις καὶ συζητήσεις ἐπὶ τῶν τρεχόντων διεθνῶν καὶ ἐσωτερικῶν ζητημάτων, ὅπως ἀνεκοινώθησαν ὑπὸ τῶν πρακτορείων εἰδήσεων. ΑΘΗΝΑΙ, 18.— Ἡ εἰδησεογραφία τῆς ἡμέρας περιλαμβάνει ἀνακοινώσεις, δηλώσεις καὶ συζητήσεις ἐπὶ τῶν τρεχόντων διεθνῶν καὶ ἐσωτερικῶν ζητημάτων, ὅπως ἀνεκοινώθησαν ὑπὸ τῶν πρακτορείων εἰδήσεων. ΑΘΗΝΑΙ, 18.— Ἡ εἰδησεογραφία τῆς ἡμέρας περιλαμβάνει ἀνακοινώσεις, δηλώσεις καὶ συζητήσεις ἐπὶ τῶν τρεχόντων διεθνῶν καὶ ἐσωτερικῶν ζητημάτων, ὅπως ἀνεκοινώθησαν ὑπὸ τῶν πρακτορείων εἰδήσεων. ΑΘΗΝΑΙ, 18.— Ἡ εἰδησεογραφία τῆς ἡμέρας περιλαμβάνει ἀνακοινώσεις, δηλώσεις καὶ συζητήσεις ἐπὶ τῶν τρεχόντων διεθνῶν καὶ ἐσωτερικῶν ζητημάτων, ὅπως ἀνεκοινώθησαν ὑπὸ τῶν πρακτορείων εἰδήσεων.
ΠΡΟΤΕΙΝΕΤΑΙ ΝΑ ΑΝΑΤΕΘΗ ΕΙΣ ΤΑ ΗΝ. ΕΘΝΗ Η ΕΠΙΛΥΣΙΣ ΤΟΥ ΝΙΓΗΡΙΝΟΥ ΠΡΟΒΛΗΜΑΤΟΣ
ΑΘΗΝΑΙ, 18.— Ἡ εἰδησεογραφία τῆς ἡμέρας περιλαμβάνει ἀνακοινώσεις, δηλώσεις καὶ συζητήσεις ἐπὶ τῶν τρεχόντων διεθνῶν καὶ ἐσωτερικῶν ζητημάτων, ὅπως ἀνεκοινώθησαν ὑπὸ τῶν πρακτορείων εἰδήσεων. ΑΘΗΝΑΙ, 18.— Ἡ εἰδησεογραφία τῆς ἡμέρας περιλαμβάνει ἀνακοινώσεις, δηλώσεις καὶ συζητήσεις ἐπὶ τῶν τρεχόντων διεθνῶν καὶ ἐσωτερικῶν ζητημάτων, ὅπως ἀνεκοινώθησαν ὑπὸ τῶν πρακτορείων εἰδήσεων. ΑΘΗΝΑΙ, 18.— Ἡ εἰδησεογραφία τῆς ἡμέρας περιλαμβάνει ἀνακοινώσεις, δηλώσεις καὶ συζητήσεις ἐπὶ τῶν τρεχόντων διεθνῶν καὶ ἐσωτερικῶν ζητημάτων, ὅπως ἀνεκοινώθησαν ὑπὸ τῶν πρακτορείων εἰδήσεων. ΑΘΗΝΑΙ, 18.— Ἡ εἰδησεογραφία τῆς ἡμέρας περιλαμβάνει ἀνακοινώσεις, δηλώσεις καὶ συζητήσεις ἐπὶ τῶν τρεχόντων διεθνῶν καὶ ἐσωτερικῶν ζητημάτων, ὅπως ἀνεκοινώθησαν ὑπὸ τῶν πρακτορείων εἰδήσεων. ΑΘΗΝΑΙ, 18.— Ἡ εἰδησεογραφία τῆς ἡμέρας περιλαμβάνει ἀνακοινώσεις, δηλώσεις καὶ συζητήσεις ἐπὶ τῶν τρεχόντων διεθνῶν καὶ ἐσωτερικῶν ζητημάτων, ὅπως ἀνεκοινώθησαν ὑπὸ τῶν πρακτορείων εἰδήσεων. ΑΘΗΝΑΙ, 18.— Ἡ εἰδησεογραφία τῆς ἡμέρας περιλαμβάνει ἀνακοινώσεις, δηλώσεις καὶ συζητήσεις ἐπὶ τῶν τρεχόντων διεθνῶν καὶ ἐσωτερικῶν ζητημάτων, ὅπως ἀνεκοινώθησαν ὑπὸ τῶν πρακτορείων εἰδήσεων.
ΔΩΔΕΚΑ ΓΥΝΑΙΚΑΣ ΕΝΤΟΣ ΜΙΑΣ ΕΙΚΟΣΑΕΤΙΑΣ ΕΦΟΝΕΥΣΕ ΝΕΑΡΟΣ ΒΡΑΖΙΛΙΑΝΟΣ ΛΑΝΔΡΥ
ΑΘΗΝΑΙ, 18.— Ἡ εἰδησεογραφία τῆς ἡμέρας περιλαμβάνει ἀνακοινώσεις, δηλώσεις καὶ συζητήσεις ἐπὶ τῶν τρεχόντων διεθνῶν καὶ ἐσωτερικῶν ζητημάτων, ὅπως ἀνεκοινώθησαν ὑπὸ τῶν πρακτορείων εἰδήσεων. ΑΘΗΝΑΙ, 18.— Ἡ εἰδησεογραφία τῆς ἡμέρας περιλαμβάνει ἀνακοινώσεις, δηλώσεις καὶ συζητήσεις ἐπὶ τῶν τρεχόντων διεθνῶν καὶ ἐσωτερικῶν ζητημάτων, ὅπως ἀνεκοινώθησαν ὑπὸ τῶν πρακτορείων εἰδήσεων. ΑΘΗΝΑΙ, 18.— Ἡ εἰδησεογραφία τῆς ἡμέρας περιλαμβάνει ἀνακοινώσεις, δηλώσεις καὶ συζητήσεις ἐπὶ τῶν τρεχόντων διεθνῶν καὶ ἐσωτερικῶν ζητημάτων, ὅπως ἀνεκοινώθησαν ὑπὸ τῶν πρακτορείων εἰδήσεων. ΑΘΗΝΑΙ, 18.— Ἡ εἰδησεογραφία τῆς ἡμέρας περιλαμβάνει ἀνακοινώσεις, δηλώσεις καὶ συζητήσεις ἐπὶ τῶν τρεχόντων διεθνῶν καὶ ἐσωτερικῶν ζητημάτων, ὅπως ἀνεκοινώθησαν ὑπὸ τῶν πρακτορείων εἰδήσεων.
ΤΕΣΣΑΡΑΣ ΠΡΕΣΒΕΥΤΑΣ ΤΗΣ ΑΝΤΙΚΑΤΕΣΤΗΣΕΝ Η ΑΠΟΧΩΡΟΥΣΑ ΚΥΒΕΡΝΗΣΙΣ ΤΟΥ Κ. ΜΥΡΒΙ
ΑΘΗΝΑΙ, 18.— Ἡ εἰδησεογραφία τῆς ἡμέρας περιλαμβάνει ἀνακοινώσεις, δηλώσεις καὶ συζητήσεις ἐπὶ τῶν τρεχόντων διεθνῶν καὶ ἐσωτερικῶν ζητημάτων, ὅπως ἀνεκοινώθησαν ὑπὸ τῶν πρακτορείων εἰδήσεων. ΑΘΗΝΑΙ, 18.— Ἡ εἰδησεογραφία τῆς ἡμέρας περιλαμβάνει ἀνακοινώσεις, δηλώσεις καὶ συζητήσεις ἐπὶ τῶν τρεχόντων διεθνῶν καὶ ἐσωτερικῶν ζητημάτων, ὅπως ἀνεκοινώθησαν ὑπὸ τῶν πρακτορείων εἰδήσεων. ΑΘΗΝΑΙ, 18.— Ἡ εἰδησεογραφία τῆς ἡμέρας περιλαμβάνει ἀνακοινώσεις, δηλώσεις καὶ συζητήσεις ἐπὶ τῶν τρεχόντων διεθνῶν καὶ ἐσωτερικῶν ζητημάτων, ὅπως ἀνεκοινώθησαν ὑπὸ τῶν πρακτορείων εἰδήσεων.
